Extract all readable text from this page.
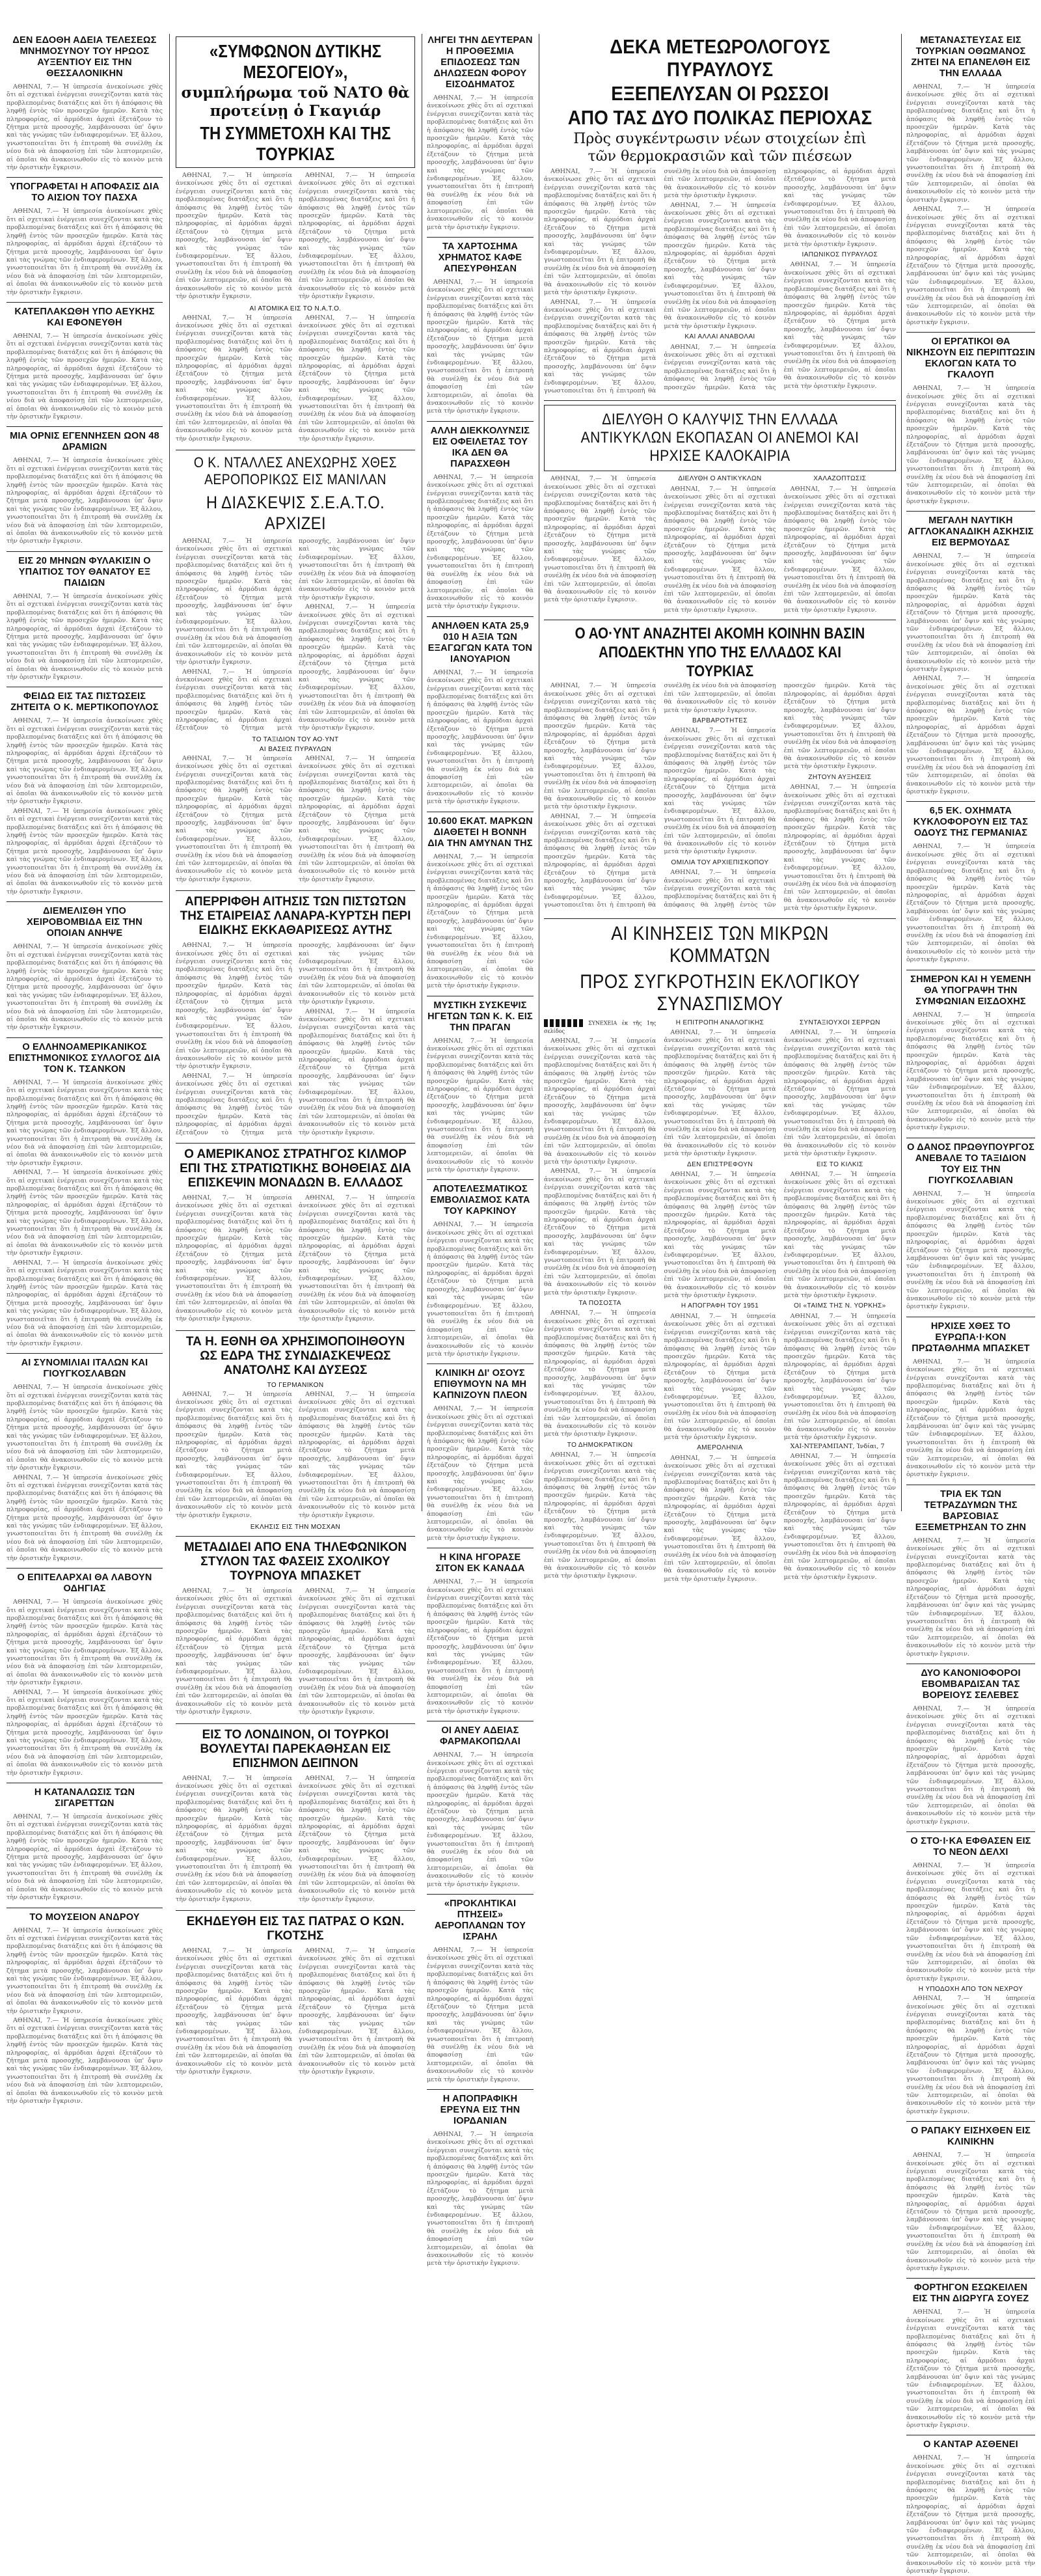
ΔΕΝ ΕΔΟΘΗ ΑΔΕΙΑ ΤΕΛΕΣΕΩΣ ΜΝΗΜΟΣΥΝΟΥ ΤΟΥ ΗΡΩΟΣ ΑΥΞΕΝΤΙΟΥ ΕΙΣ ΤΗΝ ΘΕΣΣΑΛΟΝΙΚΗΝ

ΑΘΗΝΑΙ, 7.— Ἡ ὑπηρεσία ἀνεκοίνωσε χθὲς ὅτι αἱ σχετικαὶ ἐνέργειαι συνεχίζονται κατὰ τὰς προβλεπομένας διατάξεις καὶ ὅτι ἡ ἀπόφασις θὰ ληφθῇ ἐντὸς τῶν προσεχῶν ἡμερῶν. Κατὰ τὰς πληροφορίας, αἱ ἁρμόδιαι ἀρχαὶ ἐξετάζουν τὸ ζήτημα μετὰ προσοχῆς, λαμβάνουσαι ὑπ' ὄψιν καὶ τὰς γνώμας τῶν ἐνδιαφερομένων. Ἐξ ἄλλου, γνωστοποιεῖται ὅτι ἡ ἐπιτροπὴ θὰ συνέλθῃ ἐκ νέου διὰ νὰ ἀποφασίσῃ ἐπὶ τῶν λεπτομερειῶν, αἱ ὁποῖαι θὰ ἀνακοινωθοῦν εἰς τὸ κοινὸν μετὰ τὴν ὁριστικὴν ἔγκρισιν.

ΥΠΟΓΡΑΦΕΤΑΙ Η ΑΠΟΦΑΣΙΣ ΔΙΑ ΤΟ ΑΙΣΙΟΝ ΤΟΥ ΠΑΣΧΑ

ΑΘΗΝΑΙ, 7.— Ἡ ὑπηρεσία ἀνεκοίνωσε χθὲς ὅτι αἱ σχετικαὶ ἐνέργειαι συνεχίζονται κατὰ τὰς προβλεπομένας διατάξεις καὶ ὅτι ἡ ἀπόφασις θὰ ληφθῇ ἐντὸς τῶν προσεχῶν ἡμερῶν. Κατὰ τὰς πληροφορίας, αἱ ἁρμόδιαι ἀρχαὶ ἐξετάζουν τὸ ζήτημα μετὰ προσοχῆς, λαμβάνουσαι ὑπ' ὄψιν καὶ τὰς γνώμας τῶν ἐνδιαφερομένων. Ἐξ ἄλλου, γνωστοποιεῖται ὅτι ἡ ἐπιτροπὴ θὰ συνέλθῃ ἐκ νέου διὰ νὰ ἀποφασίσῃ ἐπὶ τῶν λεπτομερειῶν, αἱ ὁποῖαι θὰ ἀνακοινωθοῦν εἰς τὸ κοινὸν μετὰ τὴν ὁριστικὴν ἔγκρισιν.

ΚΑΤΕΠΛΑΚΩΘΗ ΥΠΟ ΑΕΥΚΗΣ ΚΑΙ ΕΦΟΝΕΥΘΗ

ΑΘΗΝΑΙ, 7.— Ἡ ὑπηρεσία ἀνεκοίνωσε χθὲς ὅτι αἱ σχετικαὶ ἐνέργειαι συνεχίζονται κατὰ τὰς προβλεπομένας διατάξεις καὶ ὅτι ἡ ἀπόφασις θὰ ληφθῇ ἐντὸς τῶν προσεχῶν ἡμερῶν. Κατὰ τὰς πληροφορίας, αἱ ἁρμόδιαι ἀρχαὶ ἐξετάζουν τὸ ζήτημα μετὰ προσοχῆς, λαμβάνουσαι ὑπ' ὄψιν καὶ τὰς γνώμας τῶν ἐνδιαφερομένων. Ἐξ ἄλλου, γνωστοποιεῖται ὅτι ἡ ἐπιτροπὴ θὰ συνέλθῃ ἐκ νέου διὰ νὰ ἀποφασίσῃ ἐπὶ τῶν λεπτομερειῶν, αἱ ὁποῖαι θὰ ἀνακοινωθοῦν εἰς τὸ κοινὸν μετὰ τὴν ὁριστικὴν ἔγκρισιν.

ΜΙΑ ΟΡΝΙΣ ΕΓΕΝΝΗΣΕΝ ΩΟΝ 48 ΔΡΑΜΙΩΝ

ΑΘΗΝΑΙ, 7.— Ἡ ὑπηρεσία ἀνεκοίνωσε χθὲς ὅτι αἱ σχετικαὶ ἐνέργειαι συνεχίζονται κατὰ τὰς προβλεπομένας διατάξεις καὶ ὅτι ἡ ἀπόφασις θὰ ληφθῇ ἐντὸς τῶν προσεχῶν ἡμερῶν. Κατὰ τὰς πληροφορίας, αἱ ἁρμόδιαι ἀρχαὶ ἐξετάζουν τὸ ζήτημα μετὰ προσοχῆς, λαμβάνουσαι ὑπ' ὄψιν καὶ τὰς γνώμας τῶν ἐνδιαφερομένων. Ἐξ ἄλλου, γνωστοποιεῖται ὅτι ἡ ἐπιτροπὴ θὰ συνέλθῃ ἐκ νέου διὰ νὰ ἀποφασίσῃ ἐπὶ τῶν λεπτομερειῶν, αἱ ὁποῖαι θὰ ἀνακοινωθοῦν εἰς τὸ κοινὸν μετὰ τὴν ὁριστικὴν ἔγκρισιν.

ΕΙΣ 20 ΜΗΝΩΝ ΦΥΛΑΚΙΣΙΝ Ο ΥΠΑΙΤΙΟΣ ΤΟΥ ΘΑΝΑΤΟΥ ΕΞ ΠΑΙΔΙΩΝ

ΑΘΗΝΑΙ, 7.— Ἡ ὑπηρεσία ἀνεκοίνωσε χθὲς ὅτι αἱ σχετικαὶ ἐνέργειαι συνεχίζονται κατὰ τὰς προβλεπομένας διατάξεις καὶ ὅτι ἡ ἀπόφασις θὰ ληφθῇ ἐντὸς τῶν προσεχῶν ἡμερῶν. Κατὰ τὰς πληροφορίας, αἱ ἁρμόδιαι ἀρχαὶ ἐξετάζουν τὸ ζήτημα μετὰ προσοχῆς, λαμβάνουσαι ὑπ' ὄψιν καὶ τὰς γνώμας τῶν ἐνδιαφερομένων. Ἐξ ἄλλου, γνωστοποιεῖται ὅτι ἡ ἐπιτροπὴ θὰ συνέλθῃ ἐκ νέου διὰ νὰ ἀποφασίσῃ ἐπὶ τῶν λεπτομερειῶν, αἱ ὁποῖαι θὰ ἀνακοινωθοῦν εἰς τὸ κοινὸν μετὰ τὴν ὁριστικὴν ἔγκρισιν.

ΦΕΙΔΩ ΕΙΣ ΤΑΣ ΠΙΣΤΩΣΕΙΣ ΖΗΤΕΙΤΑ Ο Κ. ΜΕΡΤΙΚΟΠΟΥΛΟΣ

ΑΘΗΝΑΙ, 7.— Ἡ ὑπηρεσία ἀνεκοίνωσε χθὲς ὅτι αἱ σχετικαὶ ἐνέργειαι συνεχίζονται κατὰ τὰς προβλεπομένας διατάξεις καὶ ὅτι ἡ ἀπόφασις θὰ ληφθῇ ἐντὸς τῶν προσεχῶν ἡμερῶν. Κατὰ τὰς πληροφορίας, αἱ ἁρμόδιαι ἀρχαὶ ἐξετάζουν τὸ ζήτημα μετὰ προσοχῆς, λαμβάνουσαι ὑπ' ὄψιν καὶ τὰς γνώμας τῶν ἐνδιαφερομένων. Ἐξ ἄλλου, γνωστοποιεῖται ὅτι ἡ ἐπιτροπὴ θὰ συνέλθῃ ἐκ νέου διὰ νὰ ἀποφασίσῃ ἐπὶ τῶν λεπτομερειῶν, αἱ ὁποῖαι θὰ ἀνακοινωθοῦν εἰς τὸ κοινὸν μετὰ τὴν ὁριστικὴν ἔγκρισιν.

ΑΘΗΝΑΙ, 7.— Ἡ ὑπηρεσία ἀνεκοίνωσε χθὲς ὅτι αἱ σχετικαὶ ἐνέργειαι συνεχίζονται κατὰ τὰς προβλεπομένας διατάξεις καὶ ὅτι ἡ ἀπόφασις θὰ ληφθῇ ἐντὸς τῶν προσεχῶν ἡμερῶν. Κατὰ τὰς πληροφορίας, αἱ ἁρμόδιαι ἀρχαὶ ἐξετάζουν τὸ ζήτημα μετὰ προσοχῆς, λαμβάνουσαι ὑπ' ὄψιν καὶ τὰς γνώμας τῶν ἐνδιαφερομένων. Ἐξ ἄλλου, γνωστοποιεῖται ὅτι ἡ ἐπιτροπὴ θὰ συνέλθῃ ἐκ νέου διὰ νὰ ἀποφασίσῃ ἐπὶ τῶν λεπτομερειῶν, αἱ ὁποῖαι θὰ ἀνακοινωθοῦν εἰς τὸ κοινὸν μετὰ τὴν ὁριστικὴν ἔγκρισιν.

ΔΙΕΜΕΛΙΣΘΗ ΥΠΟ ΧΕΙΡΟΒΟΜΒΙΔΑ ΕΙΣ ΤΗΝ ΟΠΟΙΑΝ ΑΝΗΨΕ

ΑΘΗΝΑΙ, 7.— Ἡ ὑπηρεσία ἀνεκοίνωσε χθὲς ὅτι αἱ σχετικαὶ ἐνέργειαι συνεχίζονται κατὰ τὰς προβλεπομένας διατάξεις καὶ ὅτι ἡ ἀπόφασις θὰ ληφθῇ ἐντὸς τῶν προσεχῶν ἡμερῶν. Κατὰ τὰς πληροφορίας, αἱ ἁρμόδιαι ἀρχαὶ ἐξετάζουν τὸ ζήτημα μετὰ προσοχῆς, λαμβάνουσαι ὑπ' ὄψιν καὶ τὰς γνώμας τῶν ἐνδιαφερομένων. Ἐξ ἄλλου, γνωστοποιεῖται ὅτι ἡ ἐπιτροπὴ θὰ συνέλθῃ ἐκ νέου διὰ νὰ ἀποφασίσῃ ἐπὶ τῶν λεπτομερειῶν, αἱ ὁποῖαι θὰ ἀνακοινωθοῦν εἰς τὸ κοινὸν μετὰ τὴν ὁριστικὴν ἔγκρισιν.

Ο ΕΛΛΗΝΟΑΜΕΡΙΚΑΝΙΚΟΣ ΕΠΙΣΤΗΜΟΝΙΚΟΣ ΣΥΛΛΟΓΟΣ ΔΙΑ ΤΟΝ Κ. ΤΣΑΝΚΟΝ

ΑΘΗΝΑΙ, 7.— Ἡ ὑπηρεσία ἀνεκοίνωσε χθὲς ὅτι αἱ σχετικαὶ ἐνέργειαι συνεχίζονται κατὰ τὰς προβλεπομένας διατάξεις καὶ ὅτι ἡ ἀπόφασις θὰ ληφθῇ ἐντὸς τῶν προσεχῶν ἡμερῶν. Κατὰ τὰς πληροφορίας, αἱ ἁρμόδιαι ἀρχαὶ ἐξετάζουν τὸ ζήτημα μετὰ προσοχῆς, λαμβάνουσαι ὑπ' ὄψιν καὶ τὰς γνώμας τῶν ἐνδιαφερομένων. Ἐξ ἄλλου, γνωστοποιεῖται ὅτι ἡ ἐπιτροπὴ θὰ συνέλθῃ ἐκ νέου διὰ νὰ ἀποφασίσῃ ἐπὶ τῶν λεπτομερειῶν, αἱ ὁποῖαι θὰ ἀνακοινωθοῦν εἰς τὸ κοινὸν μετὰ τὴν ὁριστικὴν ἔγκρισιν.

ΑΘΗΝΑΙ, 7.— Ἡ ὑπηρεσία ἀνεκοίνωσε χθὲς ὅτι αἱ σχετικαὶ ἐνέργειαι συνεχίζονται κατὰ τὰς προβλεπομένας διατάξεις καὶ ὅτι ἡ ἀπόφασις θὰ ληφθῇ ἐντὸς τῶν προσεχῶν ἡμερῶν. Κατὰ τὰς πληροφορίας, αἱ ἁρμόδιαι ἀρχαὶ ἐξετάζουν τὸ ζήτημα μετὰ προσοχῆς, λαμβάνουσαι ὑπ' ὄψιν καὶ τὰς γνώμας τῶν ἐνδιαφερομένων. Ἐξ ἄλλου, γνωστοποιεῖται ὅτι ἡ ἐπιτροπὴ θὰ συνέλθῃ ἐκ νέου διὰ νὰ ἀποφασίσῃ ἐπὶ τῶν λεπτομερειῶν, αἱ ὁποῖαι θὰ ἀνακοινωθοῦν εἰς τὸ κοινὸν μετὰ τὴν ὁριστικὴν ἔγκρισιν.

ΑΘΗΝΑΙ, 7.— Ἡ ὑπηρεσία ἀνεκοίνωσε χθὲς ὅτι αἱ σχετικαὶ ἐνέργειαι συνεχίζονται κατὰ τὰς προβλεπομένας διατάξεις καὶ ὅτι ἡ ἀπόφασις θὰ ληφθῇ ἐντὸς τῶν προσεχῶν ἡμερῶν. Κατὰ τὰς πληροφορίας, αἱ ἁρμόδιαι ἀρχαὶ ἐξετάζουν τὸ ζήτημα μετὰ προσοχῆς, λαμβάνουσαι ὑπ' ὄψιν καὶ τὰς γνώμας τῶν ἐνδιαφερομένων. Ἐξ ἄλλου, γνωστοποιεῖται ὅτι ἡ ἐπιτροπὴ θὰ συνέλθῃ ἐκ νέου διὰ νὰ ἀποφασίσῃ ἐπὶ τῶν λεπτομερειῶν, αἱ ὁποῖαι θὰ ἀνακοινωθοῦν εἰς τὸ κοινὸν μετὰ τὴν ὁριστικὴν ἔγκρισιν.

ΑΙ ΣΥΝΟΜΙΛΙΑΙ ΙΤΑΛΩΝ ΚΑΙ ΓΙΟΥΓΚΟΣΛΑΒΩΝ

ΑΘΗΝΑΙ, 7.— Ἡ ὑπηρεσία ἀνεκοίνωσε χθὲς ὅτι αἱ σχετικαὶ ἐνέργειαι συνεχίζονται κατὰ τὰς προβλεπομένας διατάξεις καὶ ὅτι ἡ ἀπόφασις θὰ ληφθῇ ἐντὸς τῶν προσεχῶν ἡμερῶν. Κατὰ τὰς πληροφορίας, αἱ ἁρμόδιαι ἀρχαὶ ἐξετάζουν τὸ ζήτημα μετὰ προσοχῆς, λαμβάνουσαι ὑπ' ὄψιν καὶ τὰς γνώμας τῶν ἐνδιαφερομένων. Ἐξ ἄλλου, γνωστοποιεῖται ὅτι ἡ ἐπιτροπὴ θὰ συνέλθῃ ἐκ νέου διὰ νὰ ἀποφασίσῃ ἐπὶ τῶν λεπτομερειῶν, αἱ ὁποῖαι θὰ ἀνακοινωθοῦν εἰς τὸ κοινὸν μετὰ τὴν ὁριστικὴν ἔγκρισιν.

ΑΘΗΝΑΙ, 7.— Ἡ ὑπηρεσία ἀνεκοίνωσε χθὲς ὅτι αἱ σχετικαὶ ἐνέργειαι συνεχίζονται κατὰ τὰς προβλεπομένας διατάξεις καὶ ὅτι ἡ ἀπόφασις θὰ ληφθῇ ἐντὸς τῶν προσεχῶν ἡμερῶν. Κατὰ τὰς πληροφορίας, αἱ ἁρμόδιαι ἀρχαὶ ἐξετάζουν τὸ ζήτημα μετὰ προσοχῆς, λαμβάνουσαι ὑπ' ὄψιν καὶ τὰς γνώμας τῶν ἐνδιαφερομένων. Ἐξ ἄλλου, γνωστοποιεῖται ὅτι ἡ ἐπιτροπὴ θὰ συνέλθῃ ἐκ νέου διὰ νὰ ἀποφασίσῃ ἐπὶ τῶν λεπτομερειῶν, αἱ ὁποῖαι θὰ ἀνακοινωθοῦν εἰς τὸ κοινὸν μετὰ τὴν ὁριστικὴν ἔγκρισιν.

Ο ΕΠΙΤΕΛΑΡΧΑΙ ΘΑ ΛΑΒΟΥΝ ΟΔΗΓΙΑΣ

ΑΘΗΝΑΙ, 7.— Ἡ ὑπηρεσία ἀνεκοίνωσε χθὲς ὅτι αἱ σχετικαὶ ἐνέργειαι συνεχίζονται κατὰ τὰς προβλεπομένας διατάξεις καὶ ὅτι ἡ ἀπόφασις θὰ ληφθῇ ἐντὸς τῶν προσεχῶν ἡμερῶν. Κατὰ τὰς πληροφορίας, αἱ ἁρμόδιαι ἀρχαὶ ἐξετάζουν τὸ ζήτημα μετὰ προσοχῆς, λαμβάνουσαι ὑπ' ὄψιν καὶ τὰς γνώμας τῶν ἐνδιαφερομένων. Ἐξ ἄλλου, γνωστοποιεῖται ὅτι ἡ ἐπιτροπὴ θὰ συνέλθῃ ἐκ νέου διὰ νὰ ἀποφασίσῃ ἐπὶ τῶν λεπτομερειῶν, αἱ ὁποῖαι θὰ ἀνακοινωθοῦν εἰς τὸ κοινὸν μετὰ τὴν ὁριστικὴν ἔγκρισιν.

ΑΘΗΝΑΙ, 7.— Ἡ ὑπηρεσία ἀνεκοίνωσε χθὲς ὅτι αἱ σχετικαὶ ἐνέργειαι συνεχίζονται κατὰ τὰς προβλεπομένας διατάξεις καὶ ὅτι ἡ ἀπόφασις θὰ ληφθῇ ἐντὸς τῶν προσεχῶν ἡμερῶν. Κατὰ τὰς πληροφορίας, αἱ ἁρμόδιαι ἀρχαὶ ἐξετάζουν τὸ ζήτημα μετὰ προσοχῆς, λαμβάνουσαι ὑπ' ὄψιν καὶ τὰς γνώμας τῶν ἐνδιαφερομένων. Ἐξ ἄλλου, γνωστοποιεῖται ὅτι ἡ ἐπιτροπὴ θὰ συνέλθῃ ἐκ νέου διὰ νὰ ἀποφασίσῃ ἐπὶ τῶν λεπτομερειῶν, αἱ ὁποῖαι θὰ ἀνακοινωθοῦν εἰς τὸ κοινὸν μετὰ τὴν ὁριστικὴν ἔγκρισιν.

Η ΚΑΤΑΝΑΛΩΣΙΣ ΤΩΝ ΣΙΓΑΡΕΤΤΩΝ

ΑΘΗΝΑΙ, 7.— Ἡ ὑπηρεσία ἀνεκοίνωσε χθὲς ὅτι αἱ σχετικαὶ ἐνέργειαι συνεχίζονται κατὰ τὰς προβλεπομένας διατάξεις καὶ ὅτι ἡ ἀπόφασις θὰ ληφθῇ ἐντὸς τῶν προσεχῶν ἡμερῶν. Κατὰ τὰς πληροφορίας, αἱ ἁρμόδιαι ἀρχαὶ ἐξετάζουν τὸ ζήτημα μετὰ προσοχῆς, λαμβάνουσαι ὑπ' ὄψιν καὶ τὰς γνώμας τῶν ἐνδιαφερομένων. Ἐξ ἄλλου, γνωστοποιεῖται ὅτι ἡ ἐπιτροπὴ θὰ συνέλθῃ ἐκ νέου διὰ νὰ ἀποφασίσῃ ἐπὶ τῶν λεπτομερειῶν, αἱ ὁποῖαι θὰ ἀνακοινωθοῦν εἰς τὸ κοινὸν μετὰ τὴν ὁριστικὴν ἔγκρισιν.

ΤΟ ΜΟΥΣΕΙΟΝ ΑΝΔΡΟΥ

ΑΘΗΝΑΙ, 7.— Ἡ ὑπηρεσία ἀνεκοίνωσε χθὲς ὅτι αἱ σχετικαὶ ἐνέργειαι συνεχίζονται κατὰ τὰς προβλεπομένας διατάξεις καὶ ὅτι ἡ ἀπόφασις θὰ ληφθῇ ἐντὸς τῶν προσεχῶν ἡμερῶν. Κατὰ τὰς πληροφορίας, αἱ ἁρμόδιαι ἀρχαὶ ἐξετάζουν τὸ ζήτημα μετὰ προσοχῆς, λαμβάνουσαι ὑπ' ὄψιν καὶ τὰς γνώμας τῶν ἐνδιαφερομένων. Ἐξ ἄλλου, γνωστοποιεῖται ὅτι ἡ ἐπιτροπὴ θὰ συνέλθῃ ἐκ νέου διὰ νὰ ἀποφασίσῃ ἐπὶ τῶν λεπτομερειῶν, αἱ ὁποῖαι θὰ ἀνακοινωθοῦν εἰς τὸ κοινὸν μετὰ τὴν ὁριστικὴν ἔγκρισιν.

ΑΘΗΝΑΙ, 7.— Ἡ ὑπηρεσία ἀνεκοίνωσε χθὲς ὅτι αἱ σχετικαὶ ἐνέργειαι συνεχίζονται κατὰ τὰς προβλεπομένας διατάξεις καὶ ὅτι ἡ ἀπόφασις θὰ ληφθῇ ἐντὸς τῶν προσεχῶν ἡμερῶν. Κατὰ τὰς πληροφορίας, αἱ ἁρμόδιαι ἀρχαὶ ἐξετάζουν τὸ ζήτημα μετὰ προσοχῆς, λαμβάνουσαι ὑπ' ὄψιν καὶ τὰς γνώμας τῶν ἐνδιαφερομένων. Ἐξ ἄλλου, γνωστοποιεῖται ὅτι ἡ ἐπιτροπὴ θὰ συνέλθῃ ἐκ νέου διὰ νὰ ἀποφασίσῃ ἐπὶ τῶν λεπτομερειῶν, αἱ ὁποῖαι θὰ ἀνακοινωθοῦν εἰς τὸ κοινὸν μετὰ τὴν ὁριστικὴν ἔγκρισιν.

«ΣΥΜΦΩΝΟΝ ΔΥΤΙΚΗΣ ΜΕΣΟΓΕΙΟΥ»,
συμπλήρωμα τοῦ ΝΑΤΟ θὰ προτείνῃ ὁ Γκαγιάρ
ΤΗ ΣΥΜΜΕΤΟΧΗ ΚΑΙ ΤΗΣ ΤΟΥΡΚΙΑΣ

ΑΘΗΝΑΙ, 7.— Ἡ ὑπηρεσία ἀνεκοίνωσε χθὲς ὅτι αἱ σχετικαὶ ἐνέργειαι συνεχίζονται κατὰ τὰς προβλεπομένας διατάξεις καὶ ὅτι ἡ ἀπόφασις θὰ ληφθῇ ἐντὸς τῶν προσεχῶν ἡμερῶν. Κατὰ τὰς πληροφορίας, αἱ ἁρμόδιαι ἀρχαὶ ἐξετάζουν τὸ ζήτημα μετὰ προσοχῆς, λαμβάνουσαι ὑπ' ὄψιν καὶ τὰς γνώμας τῶν ἐνδιαφερομένων. Ἐξ ἄλλου, γνωστοποιεῖται ὅτι ἡ ἐπιτροπὴ θὰ συνέλθῃ ἐκ νέου διὰ νὰ ἀποφασίσῃ ἐπὶ τῶν λεπτομερειῶν, αἱ ὁποῖαι θὰ ἀνακοινωθοῦν εἰς τὸ κοινὸν μετὰ τὴν ὁριστικὴν ἔγκρισιν.

ΑΘΗΝΑΙ, 7.— Ἡ ὑπηρεσία ἀνεκοίνωσε χθὲς ὅτι αἱ σχετικαὶ ἐνέργειαι συνεχίζονται κατὰ τὰς προβλεπομένας διατάξεις καὶ ὅτι ἡ ἀπόφασις θὰ ληφθῇ ἐντὸς τῶν προσεχῶν ἡμερῶν. Κατὰ τὰς πληροφορίας, αἱ ἁρμόδιαι ἀρχαὶ ἐξετάζουν τὸ ζήτημα μετὰ προσοχῆς, λαμβάνουσαι ὑπ' ὄψιν καὶ τὰς γνώμας τῶν ἐνδιαφερομένων. Ἐξ ἄλλου, γνωστοποιεῖται ὅτι ἡ ἐπιτροπὴ θὰ συνέλθῃ ἐκ νέου διὰ νὰ ἀποφασίσῃ ἐπὶ τῶν λεπτομερειῶν, αἱ ὁποῖαι θὰ ἀνακοινωθοῦν εἰς τὸ κοινὸν μετὰ τὴν ὁριστικὴν ἔγκρισιν.

ΑΙ ΑΤΟΜΙΚΑ ΕΙΣ ΤΟ Ν.Α.Τ.Ο.

ΑΘΗΝΑΙ, 7.— Ἡ ὑπηρεσία ἀνεκοίνωσε χθὲς ὅτι αἱ σχετικαὶ ἐνέργειαι συνεχίζονται κατὰ τὰς προβλεπομένας διατάξεις καὶ ὅτι ἡ ἀπόφασις θὰ ληφθῇ ἐντὸς τῶν προσεχῶν ἡμερῶν. Κατὰ τὰς πληροφορίας, αἱ ἁρμόδιαι ἀρχαὶ ἐξετάζουν τὸ ζήτημα μετὰ προσοχῆς, λαμβάνουσαι ὑπ' ὄψιν καὶ τὰς γνώμας τῶν ἐνδιαφερομένων. Ἐξ ἄλλου, γνωστοποιεῖται ὅτι ἡ ἐπιτροπὴ θὰ συνέλθῃ ἐκ νέου διὰ νὰ ἀποφασίσῃ ἐπὶ τῶν λεπτομερειῶν, αἱ ὁποῖαι θὰ ἀνακοινωθοῦν εἰς τὸ κοινὸν μετὰ τὴν ὁριστικὴν ἔγκρισιν.

ΑΘΗΝΑΙ, 7.— Ἡ ὑπηρεσία ἀνεκοίνωσε χθὲς ὅτι αἱ σχετικαὶ ἐνέργειαι συνεχίζονται κατὰ τὰς προβλεπομένας διατάξεις καὶ ὅτι ἡ ἀπόφασις θὰ ληφθῇ ἐντὸς τῶν προσεχῶν ἡμερῶν. Κατὰ τὰς πληροφορίας, αἱ ἁρμόδιαι ἀρχαὶ ἐξετάζουν τὸ ζήτημα μετὰ προσοχῆς, λαμβάνουσαι ὑπ' ὄψιν καὶ τὰς γνώμας τῶν ἐνδιαφερομένων. Ἐξ ἄλλου, γνωστοποιεῖται ὅτι ἡ ἐπιτροπὴ θὰ συνέλθῃ ἐκ νέου διὰ νὰ ἀποφασίσῃ ἐπὶ τῶν λεπτομερειῶν, αἱ ὁποῖαι θὰ ἀνακοινωθοῦν εἰς τὸ κοινὸν μετὰ τὴν ὁριστικὴν ἔγκρισιν.

Ο Κ. ΝΤΑΛΛΕΣ ΑΝΕΧΩΡΗΣ ΧΘΕΣ ΑΕΡΟΠΟΡΙΚΩΣ ΕΙΣ ΜΑΝΙΛΑΝ
Η ΔΙΑΣΚΕΨΙΣ Σ.Ε.Α.Τ.Ο. ΑΡΧΙΖΕΙ

ΑΘΗΝΑΙ, 7.— Ἡ ὑπηρεσία ἀνεκοίνωσε χθὲς ὅτι αἱ σχετικαὶ ἐνέργειαι συνεχίζονται κατὰ τὰς προβλεπομένας διατάξεις καὶ ὅτι ἡ ἀπόφασις θὰ ληφθῇ ἐντὸς τῶν προσεχῶν ἡμερῶν. Κατὰ τὰς πληροφορίας, αἱ ἁρμόδιαι ἀρχαὶ ἐξετάζουν τὸ ζήτημα μετὰ προσοχῆς, λαμβάνουσαι ὑπ' ὄψιν καὶ τὰς γνώμας τῶν ἐνδιαφερομένων. Ἐξ ἄλλου, γνωστοποιεῖται ὅτι ἡ ἐπιτροπὴ θὰ συνέλθῃ ἐκ νέου διὰ νὰ ἀποφασίσῃ ἐπὶ τῶν λεπτομερειῶν, αἱ ὁποῖαι θὰ ἀνακοινωθοῦν εἰς τὸ κοινὸν μετὰ τὴν ὁριστικὴν ἔγκρισιν.

ΑΘΗΝΑΙ, 7.— Ἡ ὑπηρεσία ἀνεκοίνωσε χθὲς ὅτι αἱ σχετικαὶ ἐνέργειαι συνεχίζονται κατὰ τὰς προβλεπομένας διατάξεις καὶ ὅτι ἡ ἀπόφασις θὰ ληφθῇ ἐντὸς τῶν προσεχῶν ἡμερῶν. Κατὰ τὰς πληροφορίας, αἱ ἁρμόδιαι ἀρχαὶ ἐξετάζουν τὸ ζήτημα μετὰ προσοχῆς, λαμβάνουσαι ὑπ' ὄψιν καὶ τὰς γνώμας τῶν ἐνδιαφερομένων. Ἐξ ἄλλου, γνωστοποιεῖται ὅτι ἡ ἐπιτροπὴ θὰ συνέλθῃ ἐκ νέου διὰ νὰ ἀποφασίσῃ ἐπὶ τῶν λεπτομερειῶν, αἱ ὁποῖαι θὰ ἀνακοινωθοῦν εἰς τὸ κοινὸν μετὰ τὴν ὁριστικὴν ἔγκρισιν.

ΑΘΗΝΑΙ, 7.— Ἡ ὑπηρεσία ἀνεκοίνωσε χθὲς ὅτι αἱ σχετικαὶ ἐνέργειαι συνεχίζονται κατὰ τὰς προβλεπομένας διατάξεις καὶ ὅτι ἡ ἀπόφασις θὰ ληφθῇ ἐντὸς τῶν προσεχῶν ἡμερῶν. Κατὰ τὰς πληροφορίας, αἱ ἁρμόδιαι ἀρχαὶ ἐξετάζουν τὸ ζήτημα μετὰ προσοχῆς, λαμβάνουσαι ὑπ' ὄψιν καὶ τὰς γνώμας τῶν ἐνδιαφερομένων. Ἐξ ἄλλου, γνωστοποιεῖται ὅτι ἡ ἐπιτροπὴ θὰ συνέλθῃ ἐκ νέου διὰ νὰ ἀποφασίσῃ ἐπὶ τῶν λεπτομερειῶν, αἱ ὁποῖαι θὰ ἀνακοινωθοῦν εἰς τὸ κοινὸν μετὰ τὴν ὁριστικὴν ἔγκρισιν.

ΤΟ ΤΑΞΙΔΙΟΝ ΤΟΥ ΑΟ·ΥΝΤ
ΑΙ ΒΑΣΕΙΣ ΠΥΡΑΥΛΩΝ

ΑΘΗΝΑΙ, 7.— Ἡ ὑπηρεσία ἀνεκοίνωσε χθὲς ὅτι αἱ σχετικαὶ ἐνέργειαι συνεχίζονται κατὰ τὰς προβλεπομένας διατάξεις καὶ ὅτι ἡ ἀπόφασις θὰ ληφθῇ ἐντὸς τῶν προσεχῶν ἡμερῶν. Κατὰ τὰς πληροφορίας, αἱ ἁρμόδιαι ἀρχαὶ ἐξετάζουν τὸ ζήτημα μετὰ προσοχῆς, λαμβάνουσαι ὑπ' ὄψιν καὶ τὰς γνώμας τῶν ἐνδιαφερομένων. Ἐξ ἄλλου, γνωστοποιεῖται ὅτι ἡ ἐπιτροπὴ θὰ συνέλθῃ ἐκ νέου διὰ νὰ ἀποφασίσῃ ἐπὶ τῶν λεπτομερειῶν, αἱ ὁποῖαι θὰ ἀνακοινωθοῦν εἰς τὸ κοινὸν μετὰ τὴν ὁριστικὴν ἔγκρισιν.

ΑΘΗΝΑΙ, 7.— Ἡ ὑπηρεσία ἀνεκοίνωσε χθὲς ὅτι αἱ σχετικαὶ ἐνέργειαι συνεχίζονται κατὰ τὰς προβλεπομένας διατάξεις καὶ ὅτι ἡ ἀπόφασις θὰ ληφθῇ ἐντὸς τῶν προσεχῶν ἡμερῶν. Κατὰ τὰς πληροφορίας, αἱ ἁρμόδιαι ἀρχαὶ ἐξετάζουν τὸ ζήτημα μετὰ προσοχῆς, λαμβάνουσαι ὑπ' ὄψιν καὶ τὰς γνώμας τῶν ἐνδιαφερομένων. Ἐξ ἄλλου, γνωστοποιεῖται ὅτι ἡ ἐπιτροπὴ θὰ συνέλθῃ ἐκ νέου διὰ νὰ ἀποφασίσῃ ἐπὶ τῶν λεπτομερειῶν, αἱ ὁποῖαι θὰ ἀνακοινωθοῦν εἰς τὸ κοινὸν μετὰ τὴν ὁριστικὴν ἔγκρισιν.

ΑΠΕΡΡΙΦΘΗ ΑΙΤΗΣΙΣ ΤΩΝ ΠΙΣΤΩΤΩΝ ΤΗΣ ΕΤΑΙΡΕΙΑΣ ΛΑΝΑΡΑ-ΚΥΡΤΣΗ ΠΕΡΙ ΕΙΔΙΚΗΣ ΕΚΚΑΘΑΡΙΣΕΩΣ ΑΥΤΗΣ

ΑΘΗΝΑΙ, 7.— Ἡ ὑπηρεσία ἀνεκοίνωσε χθὲς ὅτι αἱ σχετικαὶ ἐνέργειαι συνεχίζονται κατὰ τὰς προβλεπομένας διατάξεις καὶ ὅτι ἡ ἀπόφασις θὰ ληφθῇ ἐντὸς τῶν προσεχῶν ἡμερῶν. Κατὰ τὰς πληροφορίας, αἱ ἁρμόδιαι ἀρχαὶ ἐξετάζουν τὸ ζήτημα μετὰ προσοχῆς, λαμβάνουσαι ὑπ' ὄψιν καὶ τὰς γνώμας τῶν ἐνδιαφερομένων. Ἐξ ἄλλου, γνωστοποιεῖται ὅτι ἡ ἐπιτροπὴ θὰ συνέλθῃ ἐκ νέου διὰ νὰ ἀποφασίσῃ ἐπὶ τῶν λεπτομερειῶν, αἱ ὁποῖαι θὰ ἀνακοινωθοῦν εἰς τὸ κοινὸν μετὰ τὴν ὁριστικὴν ἔγκρισιν.

ΑΘΗΝΑΙ, 7.— Ἡ ὑπηρεσία ἀνεκοίνωσε χθὲς ὅτι αἱ σχετικαὶ ἐνέργειαι συνεχίζονται κατὰ τὰς προβλεπομένας διατάξεις καὶ ὅτι ἡ ἀπόφασις θὰ ληφθῇ ἐντὸς τῶν προσεχῶν ἡμερῶν. Κατὰ τὰς πληροφορίας, αἱ ἁρμόδιαι ἀρχαὶ ἐξετάζουν τὸ ζήτημα μετὰ προσοχῆς, λαμβάνουσαι ὑπ' ὄψιν καὶ τὰς γνώμας τῶν ἐνδιαφερομένων. Ἐξ ἄλλου, γνωστοποιεῖται ὅτι ἡ ἐπιτροπὴ θὰ συνέλθῃ ἐκ νέου διὰ νὰ ἀποφασίσῃ ἐπὶ τῶν λεπτομερειῶν, αἱ ὁποῖαι θὰ ἀνακοινωθοῦν εἰς τὸ κοινὸν μετὰ τὴν ὁριστικὴν ἔγκρισιν.

ΑΘΗΝΑΙ, 7.— Ἡ ὑπηρεσία ἀνεκοίνωσε χθὲς ὅτι αἱ σχετικαὶ ἐνέργειαι συνεχίζονται κατὰ τὰς προβλεπομένας διατάξεις καὶ ὅτι ἡ ἀπόφασις θὰ ληφθῇ ἐντὸς τῶν προσεχῶν ἡμερῶν. Κατὰ τὰς πληροφορίας, αἱ ἁρμόδιαι ἀρχαὶ ἐξετάζουν τὸ ζήτημα μετὰ προσοχῆς, λαμβάνουσαι ὑπ' ὄψιν καὶ τὰς γνώμας τῶν ἐνδιαφερομένων. Ἐξ ἄλλου, γνωστοποιεῖται ὅτι ἡ ἐπιτροπὴ θὰ συνέλθῃ ἐκ νέου διὰ νὰ ἀποφασίσῃ ἐπὶ τῶν λεπτομερειῶν, αἱ ὁποῖαι θὰ ἀνακοινωθοῦν εἰς τὸ κοινὸν μετὰ τὴν ὁριστικὴν ἔγκρισιν.

Ο ΑΜΕΡΙΚΑΝΟΣ ΣΤΡΑΤΗΓΟΣ ΚΙΛΜΟΡ ΕΠΙ ΤΗΣ ΣΤΡΑΤΙΩΤΙΚΗΣ ΒΟΗΘΕΙΑΣ ΔΙΑ ΕΠΙΣΚΕΨΙΝ ΜΟΝΑΔΩΝ Β. ΕΛΛΑΔΟΣ

ΑΘΗΝΑΙ, 7.— Ἡ ὑπηρεσία ἀνεκοίνωσε χθὲς ὅτι αἱ σχετικαὶ ἐνέργειαι συνεχίζονται κατὰ τὰς προβλεπομένας διατάξεις καὶ ὅτι ἡ ἀπόφασις θὰ ληφθῇ ἐντὸς τῶν προσεχῶν ἡμερῶν. Κατὰ τὰς πληροφορίας, αἱ ἁρμόδιαι ἀρχαὶ ἐξετάζουν τὸ ζήτημα μετὰ προσοχῆς, λαμβάνουσαι ὑπ' ὄψιν καὶ τὰς γνώμας τῶν ἐνδιαφερομένων. Ἐξ ἄλλου, γνωστοποιεῖται ὅτι ἡ ἐπιτροπὴ θὰ συνέλθῃ ἐκ νέου διὰ νὰ ἀποφασίσῃ ἐπὶ τῶν λεπτομερειῶν, αἱ ὁποῖαι θὰ ἀνακοινωθοῦν εἰς τὸ κοινὸν μετὰ τὴν ὁριστικὴν ἔγκρισιν.

ΑΘΗΝΑΙ, 7.— Ἡ ὑπηρεσία ἀνεκοίνωσε χθὲς ὅτι αἱ σχετικαὶ ἐνέργειαι συνεχίζονται κατὰ τὰς προβλεπομένας διατάξεις καὶ ὅτι ἡ ἀπόφασις θὰ ληφθῇ ἐντὸς τῶν προσεχῶν ἡμερῶν. Κατὰ τὰς πληροφορίας, αἱ ἁρμόδιαι ἀρχαὶ ἐξετάζουν τὸ ζήτημα μετὰ προσοχῆς, λαμβάνουσαι ὑπ' ὄψιν καὶ τὰς γνώμας τῶν ἐνδιαφερομένων. Ἐξ ἄλλου, γνωστοποιεῖται ὅτι ἡ ἐπιτροπὴ θὰ συνέλθῃ ἐκ νέου διὰ νὰ ἀποφασίσῃ ἐπὶ τῶν λεπτομερειῶν, αἱ ὁποῖαι θὰ ἀνακοινωθοῦν εἰς τὸ κοινὸν μετὰ τὴν ὁριστικὴν ἔγκρισιν.

ΤΑ Η. ΕΘΝΗ ΘΑ ΧΡΗΣΙΜΟΠΟΙΗΘΟΥΝ ΩΣ ΕΔΡΑ ΤΗΣ ΣΥΝΔΙΑΣΚΕΨΕΩΣ ΑΝΑΤΟΛΗΣ ΚΑΙ ΔΥΣΕΩΣ
ΤΟ ΓΕΡΜΑΝΙΚΟΝ

ΑΘΗΝΑΙ, 7.— Ἡ ὑπηρεσία ἀνεκοίνωσε χθὲς ὅτι αἱ σχετικαὶ ἐνέργειαι συνεχίζονται κατὰ τὰς προβλεπομένας διατάξεις καὶ ὅτι ἡ ἀπόφασις θὰ ληφθῇ ἐντὸς τῶν προσεχῶν ἡμερῶν. Κατὰ τὰς πληροφορίας, αἱ ἁρμόδιαι ἀρχαὶ ἐξετάζουν τὸ ζήτημα μετὰ προσοχῆς, λαμβάνουσαι ὑπ' ὄψιν καὶ τὰς γνώμας τῶν ἐνδιαφερομένων. Ἐξ ἄλλου, γνωστοποιεῖται ὅτι ἡ ἐπιτροπὴ θὰ συνέλθῃ ἐκ νέου διὰ νὰ ἀποφασίσῃ ἐπὶ τῶν λεπτομερειῶν, αἱ ὁποῖαι θὰ ἀνακοινωθοῦν εἰς τὸ κοινὸν μετὰ τὴν ὁριστικὴν ἔγκρισιν.

ΑΘΗΝΑΙ, 7.— Ἡ ὑπηρεσία ἀνεκοίνωσε χθὲς ὅτι αἱ σχετικαὶ ἐνέργειαι συνεχίζονται κατὰ τὰς προβλεπομένας διατάξεις καὶ ὅτι ἡ ἀπόφασις θὰ ληφθῇ ἐντὸς τῶν προσεχῶν ἡμερῶν. Κατὰ τὰς πληροφορίας, αἱ ἁρμόδιαι ἀρχαὶ ἐξετάζουν τὸ ζήτημα μετὰ προσοχῆς, λαμβάνουσαι ὑπ' ὄψιν καὶ τὰς γνώμας τῶν ἐνδιαφερομένων. Ἐξ ἄλλου, γνωστοποιεῖται ὅτι ἡ ἐπιτροπὴ θὰ συνέλθῃ ἐκ νέου διὰ νὰ ἀποφασίσῃ ἐπὶ τῶν λεπτομερειῶν, αἱ ὁποῖαι θὰ ἀνακοινωθοῦν εἰς τὸ κοινὸν μετὰ τὴν ὁριστικὴν ἔγκρισιν.

ΕΚΛΗΣΙΣ ΕΙΣ ΤΗΝ ΜΟΣΧΑΝ
ΜΕΤΑΔΙΔΕΙ ΑΠΟ ΕΝΑ ΤΗΛΕΦΩΝΙΚΟΝ ΣΤΥΛΟΝ ΤΑΣ ΦΑΣΕΙΣ ΣΧΟΛΙΚΟΥ ΤΟΥΡΝΟΥΑ ΜΠΑΣΚΕΤ

ΑΘΗΝΑΙ, 7.— Ἡ ὑπηρεσία ἀνεκοίνωσε χθὲς ὅτι αἱ σχετικαὶ ἐνέργειαι συνεχίζονται κατὰ τὰς προβλεπομένας διατάξεις καὶ ὅτι ἡ ἀπόφασις θὰ ληφθῇ ἐντὸς τῶν προσεχῶν ἡμερῶν. Κατὰ τὰς πληροφορίας, αἱ ἁρμόδιαι ἀρχαὶ ἐξετάζουν τὸ ζήτημα μετὰ προσοχῆς, λαμβάνουσαι ὑπ' ὄψιν καὶ τὰς γνώμας τῶν ἐνδιαφερομένων. Ἐξ ἄλλου, γνωστοποιεῖται ὅτι ἡ ἐπιτροπὴ θὰ συνέλθῃ ἐκ νέου διὰ νὰ ἀποφασίσῃ ἐπὶ τῶν λεπτομερειῶν, αἱ ὁποῖαι θὰ ἀνακοινωθοῦν εἰς τὸ κοινὸν μετὰ τὴν ὁριστικὴν ἔγκρισιν.

ΑΘΗΝΑΙ, 7.— Ἡ ὑπηρεσία ἀνεκοίνωσε χθὲς ὅτι αἱ σχετικαὶ ἐνέργειαι συνεχίζονται κατὰ τὰς προβλεπομένας διατάξεις καὶ ὅτι ἡ ἀπόφασις θὰ ληφθῇ ἐντὸς τῶν προσεχῶν ἡμερῶν. Κατὰ τὰς πληροφορίας, αἱ ἁρμόδιαι ἀρχαὶ ἐξετάζουν τὸ ζήτημα μετὰ προσοχῆς, λαμβάνουσαι ὑπ' ὄψιν καὶ τὰς γνώμας τῶν ἐνδιαφερομένων. Ἐξ ἄλλου, γνωστοποιεῖται ὅτι ἡ ἐπιτροπὴ θὰ συνέλθῃ ἐκ νέου διὰ νὰ ἀποφασίσῃ ἐπὶ τῶν λεπτομερειῶν, αἱ ὁποῖαι θὰ ἀνακοινωθοῦν εἰς τὸ κοινὸν μετὰ τὴν ὁριστικὴν ἔγκρισιν.

ΕΙΣ ΤΟ ΛΟΝΔΙΝΟΝ, ΟΙ ΤΟΥΡΚΟΙ ΒΟΥΛΕΥΤΑΙ ΠΑΡΕΚΑΘΗΣΑΝ ΕΙΣ ΕΠΙΣΗΜΟΝ ΔΕΙΠΝΟΝ

ΑΘΗΝΑΙ, 7.— Ἡ ὑπηρεσία ἀνεκοίνωσε χθὲς ὅτι αἱ σχετικαὶ ἐνέργειαι συνεχίζονται κατὰ τὰς προβλεπομένας διατάξεις καὶ ὅτι ἡ ἀπόφασις θὰ ληφθῇ ἐντὸς τῶν προσεχῶν ἡμερῶν. Κατὰ τὰς πληροφορίας, αἱ ἁρμόδιαι ἀρχαὶ ἐξετάζουν τὸ ζήτημα μετὰ προσοχῆς, λαμβάνουσαι ὑπ' ὄψιν καὶ τὰς γνώμας τῶν ἐνδιαφερομένων. Ἐξ ἄλλου, γνωστοποιεῖται ὅτι ἡ ἐπιτροπὴ θὰ συνέλθῃ ἐκ νέου διὰ νὰ ἀποφασίσῃ ἐπὶ τῶν λεπτομερειῶν, αἱ ὁποῖαι θὰ ἀνακοινωθοῦν εἰς τὸ κοινὸν μετὰ τὴν ὁριστικὴν ἔγκρισιν.

ΑΘΗΝΑΙ, 7.— Ἡ ὑπηρεσία ἀνεκοίνωσε χθὲς ὅτι αἱ σχετικαὶ ἐνέργειαι συνεχίζονται κατὰ τὰς προβλεπομένας διατάξεις καὶ ὅτι ἡ ἀπόφασις θὰ ληφθῇ ἐντὸς τῶν προσεχῶν ἡμερῶν. Κατὰ τὰς πληροφορίας, αἱ ἁρμόδιαι ἀρχαὶ ἐξετάζουν τὸ ζήτημα μετὰ προσοχῆς, λαμβάνουσαι ὑπ' ὄψιν καὶ τὰς γνώμας τῶν ἐνδιαφερομένων. Ἐξ ἄλλου, γνωστοποιεῖται ὅτι ἡ ἐπιτροπὴ θὰ συνέλθῃ ἐκ νέου διὰ νὰ ἀποφασίσῃ ἐπὶ τῶν λεπτομερειῶν, αἱ ὁποῖαι θὰ ἀνακοινωθοῦν εἰς τὸ κοινὸν μετὰ τὴν ὁριστικὴν ἔγκρισιν.

ΕΚΗΔΕΥΘΗ ΕΙΣ ΤΑΣ ΠΑΤΡΑΣ Ο ΚΩΝ. ΓΚΟΤΣΗΣ

ΑΘΗΝΑΙ, 7.— Ἡ ὑπηρεσία ἀνεκοίνωσε χθὲς ὅτι αἱ σχετικαὶ ἐνέργειαι συνεχίζονται κατὰ τὰς προβλεπομένας διατάξεις καὶ ὅτι ἡ ἀπόφασις θὰ ληφθῇ ἐντὸς τῶν προσεχῶν ἡμερῶν. Κατὰ τὰς πληροφορίας, αἱ ἁρμόδιαι ἀρχαὶ ἐξετάζουν τὸ ζήτημα μετὰ προσοχῆς, λαμβάνουσαι ὑπ' ὄψιν καὶ τὰς γνώμας τῶν ἐνδιαφερομένων. Ἐξ ἄλλου, γνωστοποιεῖται ὅτι ἡ ἐπιτροπὴ θὰ συνέλθῃ ἐκ νέου διὰ νὰ ἀποφασίσῃ ἐπὶ τῶν λεπτομερειῶν, αἱ ὁποῖαι θὰ ἀνακοινωθοῦν εἰς τὸ κοινὸν μετὰ τὴν ὁριστικὴν ἔγκρισιν.

ΑΘΗΝΑΙ, 7.— Ἡ ὑπηρεσία ἀνεκοίνωσε χθὲς ὅτι αἱ σχετικαὶ ἐνέργειαι συνεχίζονται κατὰ τὰς προβλεπομένας διατάξεις καὶ ὅτι ἡ ἀπόφασις θὰ ληφθῇ ἐντὸς τῶν προσεχῶν ἡμερῶν. Κατὰ τὰς πληροφορίας, αἱ ἁρμόδιαι ἀρχαὶ ἐξετάζουν τὸ ζήτημα μετὰ προσοχῆς, λαμβάνουσαι ὑπ' ὄψιν καὶ τὰς γνώμας τῶν ἐνδιαφερομένων. Ἐξ ἄλλου, γνωστοποιεῖται ὅτι ἡ ἐπιτροπὴ θὰ συνέλθῃ ἐκ νέου διὰ νὰ ἀποφασίσῃ ἐπὶ τῶν λεπτομερειῶν, αἱ ὁποῖαι θὰ ἀνακοινωθοῦν εἰς τὸ κοινὸν μετὰ τὴν ὁριστικὴν ἔγκρισιν.

ΛΗΓΕΙ ΤΗΝ ΔΕΥΤΕΡΑΝ Η ΠΡΟΘΕΣΜΙΑ ΕΠΙΔΟΣΕΩΣ ΤΩΝ ΔΗΛΩΣΕΩΝ ΦΟΡΟΥ ΕΙΣΟΔΗΜΑΤΟΣ

ΑΘΗΝΑΙ, 7.— Ἡ ὑπηρεσία ἀνεκοίνωσε χθὲς ὅτι αἱ σχετικαὶ ἐνέργειαι συνεχίζονται κατὰ τὰς προβλεπομένας διατάξεις καὶ ὅτι ἡ ἀπόφασις θὰ ληφθῇ ἐντὸς τῶν προσεχῶν ἡμερῶν. Κατὰ τὰς πληροφορίας, αἱ ἁρμόδιαι ἀρχαὶ ἐξετάζουν τὸ ζήτημα μετὰ προσοχῆς, λαμβάνουσαι ὑπ' ὄψιν καὶ τὰς γνώμας τῶν ἐνδιαφερομένων. Ἐξ ἄλλου, γνωστοποιεῖται ὅτι ἡ ἐπιτροπὴ θὰ συνέλθῃ ἐκ νέου διὰ νὰ ἀποφασίσῃ ἐπὶ τῶν λεπτομερειῶν, αἱ ὁποῖαι θὰ ἀνακοινωθοῦν εἰς τὸ κοινὸν μετὰ τὴν ὁριστικὴν ἔγκρισιν.

ΤΑ ΧΑΡΤΟΣΗΜΑ ΧΡΗΜΑΤΟΣ ΚΑΦΕ ΑΠΕΣΥΡΘΗΣΑΝ

ΑΘΗΝΑΙ, 7.— Ἡ ὑπηρεσία ἀνεκοίνωσε χθὲς ὅτι αἱ σχετικαὶ ἐνέργειαι συνεχίζονται κατὰ τὰς προβλεπομένας διατάξεις καὶ ὅτι ἡ ἀπόφασις θὰ ληφθῇ ἐντὸς τῶν προσεχῶν ἡμερῶν. Κατὰ τὰς πληροφορίας, αἱ ἁρμόδιαι ἀρχαὶ ἐξετάζουν τὸ ζήτημα μετὰ προσοχῆς, λαμβάνουσαι ὑπ' ὄψιν καὶ τὰς γνώμας τῶν ἐνδιαφερομένων. Ἐξ ἄλλου, γνωστοποιεῖται ὅτι ἡ ἐπιτροπὴ θὰ συνέλθῃ ἐκ νέου διὰ νὰ ἀποφασίσῃ ἐπὶ τῶν λεπτομερειῶν, αἱ ὁποῖαι θὰ ἀνακοινωθοῦν εἰς τὸ κοινὸν μετὰ τὴν ὁριστικὴν ἔγκρισιν.

ΑΛΛΗ ΔΙΕΚΚΟΛΥΝΣΙΣ ΕΙΣ ΟΦΕΙΛΕΤΑΣ ΤΟΥ ΙΚΑ ΔΕΝ ΘΑ ΠΑΡΑΣΧΕΘΗ

ΑΘΗΝΑΙ, 7.— Ἡ ὑπηρεσία ἀνεκοίνωσε χθὲς ὅτι αἱ σχετικαὶ ἐνέργειαι συνεχίζονται κατὰ τὰς προβλεπομένας διατάξεις καὶ ὅτι ἡ ἀπόφασις θὰ ληφθῇ ἐντὸς τῶν προσεχῶν ἡμερῶν. Κατὰ τὰς πληροφορίας, αἱ ἁρμόδιαι ἀρχαὶ ἐξετάζουν τὸ ζήτημα μετὰ προσοχῆς, λαμβάνουσαι ὑπ' ὄψιν καὶ τὰς γνώμας τῶν ἐνδιαφερομένων. Ἐξ ἄλλου, γνωστοποιεῖται ὅτι ἡ ἐπιτροπὴ θὰ συνέλθῃ ἐκ νέου διὰ νὰ ἀποφασίσῃ ἐπὶ τῶν λεπτομερειῶν, αἱ ὁποῖαι θὰ ἀνακοινωθοῦν εἰς τὸ κοινὸν μετὰ τὴν ὁριστικὴν ἔγκρισιν.

ΑΝΗΛΘΕΝ ΚΑΤΑ 25,9 010 Η ΑΞΙΑ ΤΩΝ ΕΞΑΓΩΓΩΝ ΚΑΤΑ ΤΟΝ ΙΑΝΟΥΑΡΙΟΝ

ΑΘΗΝΑΙ, 7.— Ἡ ὑπηρεσία ἀνεκοίνωσε χθὲς ὅτι αἱ σχετικαὶ ἐνέργειαι συνεχίζονται κατὰ τὰς προβλεπομένας διατάξεις καὶ ὅτι ἡ ἀπόφασις θὰ ληφθῇ ἐντὸς τῶν προσεχῶν ἡμερῶν. Κατὰ τὰς πληροφορίας, αἱ ἁρμόδιαι ἀρχαὶ ἐξετάζουν τὸ ζήτημα μετὰ προσοχῆς, λαμβάνουσαι ὑπ' ὄψιν καὶ τὰς γνώμας τῶν ἐνδιαφερομένων. Ἐξ ἄλλου, γνωστοποιεῖται ὅτι ἡ ἐπιτροπὴ θὰ συνέλθῃ ἐκ νέου διὰ νὰ ἀποφασίσῃ ἐπὶ τῶν λεπτομερειῶν, αἱ ὁποῖαι θὰ ἀνακοινωθοῦν εἰς τὸ κοινὸν μετὰ τὴν ὁριστικὴν ἔγκρισιν.

10.600 ΕΚΑΤ. ΜΑΡΚΩΝ ΔΙΑΘΕΤΕΙ Η ΒΟΝΝΗ ΔΙΑ ΤΗΝ ΑΜΥΝΑΝ ΤΗΣ

ΑΘΗΝΑΙ, 7.— Ἡ ὑπηρεσία ἀνεκοίνωσε χθὲς ὅτι αἱ σχετικαὶ ἐνέργειαι συνεχίζονται κατὰ τὰς προβλεπομένας διατάξεις καὶ ὅτι ἡ ἀπόφασις θὰ ληφθῇ ἐντὸς τῶν προσεχῶν ἡμερῶν. Κατὰ τὰς πληροφορίας, αἱ ἁρμόδιαι ἀρχαὶ ἐξετάζουν τὸ ζήτημα μετὰ προσοχῆς, λαμβάνουσαι ὑπ' ὄψιν καὶ τὰς γνώμας τῶν ἐνδιαφερομένων. Ἐξ ἄλλου, γνωστοποιεῖται ὅτι ἡ ἐπιτροπὴ θὰ συνέλθῃ ἐκ νέου διὰ νὰ ἀποφασίσῃ ἐπὶ τῶν λεπτομερειῶν, αἱ ὁποῖαι θὰ ἀνακοινωθοῦν εἰς τὸ κοινὸν μετὰ τὴν ὁριστικὴν ἔγκρισιν.

ΜΥΣΤΙΚΗ ΣΥΣΚΕΨΙΣ ΗΓΕΤΩΝ ΤΩΝ Κ. Κ. ΕΙΣ ΤΗΝ ΠΡΑΓΑΝ

ΑΘΗΝΑΙ, 7.— Ἡ ὑπηρεσία ἀνεκοίνωσε χθὲς ὅτι αἱ σχετικαὶ ἐνέργειαι συνεχίζονται κατὰ τὰς προβλεπομένας διατάξεις καὶ ὅτι ἡ ἀπόφασις θὰ ληφθῇ ἐντὸς τῶν προσεχῶν ἡμερῶν. Κατὰ τὰς πληροφορίας, αἱ ἁρμόδιαι ἀρχαὶ ἐξετάζουν τὸ ζήτημα μετὰ προσοχῆς, λαμβάνουσαι ὑπ' ὄψιν καὶ τὰς γνώμας τῶν ἐνδιαφερομένων. Ἐξ ἄλλου, γνωστοποιεῖται ὅτι ἡ ἐπιτροπὴ θὰ συνέλθῃ ἐκ νέου διὰ νὰ ἀποφασίσῃ ἐπὶ τῶν λεπτομερειῶν, αἱ ὁποῖαι θὰ ἀνακοινωθοῦν εἰς τὸ κοινὸν μετὰ τὴν ὁριστικὴν ἔγκρισιν.

ΑΠΟΤΕΛΕΣΜΑΤΙΚΟΣ ΕΜΒΟΛΙΑΣΜΟΣ ΚΑΤΑ ΤΟΥ ΚΑΡΚΙΝΟΥ

ΑΘΗΝΑΙ, 7.— Ἡ ὑπηρεσία ἀνεκοίνωσε χθὲς ὅτι αἱ σχετικαὶ ἐνέργειαι συνεχίζονται κατὰ τὰς προβλεπομένας διατάξεις καὶ ὅτι ἡ ἀπόφασις θὰ ληφθῇ ἐντὸς τῶν προσεχῶν ἡμερῶν. Κατὰ τὰς πληροφορίας, αἱ ἁρμόδιαι ἀρχαὶ ἐξετάζουν τὸ ζήτημα μετὰ προσοχῆς, λαμβάνουσαι ὑπ' ὄψιν καὶ τὰς γνώμας τῶν ἐνδιαφερομένων. Ἐξ ἄλλου, γνωστοποιεῖται ὅτι ἡ ἐπιτροπὴ θὰ συνέλθῃ ἐκ νέου διὰ νὰ ἀποφασίσῃ ἐπὶ τῶν λεπτομερειῶν, αἱ ὁποῖαι θὰ ἀνακοινωθοῦν εἰς τὸ κοινὸν μετὰ τὴν ὁριστικὴν ἔγκρισιν.

ΚΛΙΝΙΚΗ ΔΙ' ΟΣΟΥΣ ΕΠΙΘΥΜΟΥΝ ΝΑ ΜΗ ΚΑΠΝΙΖΟΥΝ ΠΛΕΟΝ

ΑΘΗΝΑΙ, 7.— Ἡ ὑπηρεσία ἀνεκοίνωσε χθὲς ὅτι αἱ σχετικαὶ ἐνέργειαι συνεχίζονται κατὰ τὰς προβλεπομένας διατάξεις καὶ ὅτι ἡ ἀπόφασις θὰ ληφθῇ ἐντὸς τῶν προσεχῶν ἡμερῶν. Κατὰ τὰς πληροφορίας, αἱ ἁρμόδιαι ἀρχαὶ ἐξετάζουν τὸ ζήτημα μετὰ προσοχῆς, λαμβάνουσαι ὑπ' ὄψιν καὶ τὰς γνώμας τῶν ἐνδιαφερομένων. Ἐξ ἄλλου, γνωστοποιεῖται ὅτι ἡ ἐπιτροπὴ θὰ συνέλθῃ ἐκ νέου διὰ νὰ ἀποφασίσῃ ἐπὶ τῶν λεπτομερειῶν, αἱ ὁποῖαι θὰ ἀνακοινωθοῦν εἰς τὸ κοινὸν μετὰ τὴν ὁριστικὴν ἔγκρισιν.

Η ΚΙΝΑ ΗΓΟΡΑΣΕ ΣΙΤΟΝ ΕΚ ΚΑΝΑΔΑ

ΑΘΗΝΑΙ, 7.— Ἡ ὑπηρεσία ἀνεκοίνωσε χθὲς ὅτι αἱ σχετικαὶ ἐνέργειαι συνεχίζονται κατὰ τὰς προβλεπομένας διατάξεις καὶ ὅτι ἡ ἀπόφασις θὰ ληφθῇ ἐντὸς τῶν προσεχῶν ἡμερῶν. Κατὰ τὰς πληροφορίας, αἱ ἁρμόδιαι ἀρχαὶ ἐξετάζουν τὸ ζήτημα μετὰ προσοχῆς, λαμβάνουσαι ὑπ' ὄψιν καὶ τὰς γνώμας τῶν ἐνδιαφερομένων. Ἐξ ἄλλου, γνωστοποιεῖται ὅτι ἡ ἐπιτροπὴ θὰ συνέλθῃ ἐκ νέου διὰ νὰ ἀποφασίσῃ ἐπὶ τῶν λεπτομερειῶν, αἱ ὁποῖαι θὰ ἀνακοινωθοῦν εἰς τὸ κοινὸν μετὰ τὴν ὁριστικὴν ἔγκρισιν.

ΟΙ ΑΝΕΥ ΑΔΕΙΑΣ ΦΑΡΜΑΚΟΠΩΛΑΙ

ΑΘΗΝΑΙ, 7.— Ἡ ὑπηρεσία ἀνεκοίνωσε χθὲς ὅτι αἱ σχετικαὶ ἐνέργειαι συνεχίζονται κατὰ τὰς προβλεπομένας διατάξεις καὶ ὅτι ἡ ἀπόφασις θὰ ληφθῇ ἐντὸς τῶν προσεχῶν ἡμερῶν. Κατὰ τὰς πληροφορίας, αἱ ἁρμόδιαι ἀρχαὶ ἐξετάζουν τὸ ζήτημα μετὰ προσοχῆς, λαμβάνουσαι ὑπ' ὄψιν καὶ τὰς γνώμας τῶν ἐνδιαφερομένων. Ἐξ ἄλλου, γνωστοποιεῖται ὅτι ἡ ἐπιτροπὴ θὰ συνέλθῃ ἐκ νέου διὰ νὰ ἀποφασίσῃ ἐπὶ τῶν λεπτομερειῶν, αἱ ὁποῖαι θὰ ἀνακοινωθοῦν εἰς τὸ κοινὸν μετὰ τὴν ὁριστικὴν ἔγκρισιν.

«ΠΡΟΚΛΗΤΙΚΑΙ ΠΤΗΣΕΙΣ» ΑΕΡΟΠΛΑΝΩΝ ΤΟΥ ΙΣΡΑΗΛ

ΑΘΗΝΑΙ, 7.— Ἡ ὑπηρεσία ἀνεκοίνωσε χθὲς ὅτι αἱ σχετικαὶ ἐνέργειαι συνεχίζονται κατὰ τὰς προβλεπομένας διατάξεις καὶ ὅτι ἡ ἀπόφασις θὰ ληφθῇ ἐντὸς τῶν προσεχῶν ἡμερῶν. Κατὰ τὰς πληροφορίας, αἱ ἁρμόδιαι ἀρχαὶ ἐξετάζουν τὸ ζήτημα μετὰ προσοχῆς, λαμβάνουσαι ὑπ' ὄψιν καὶ τὰς γνώμας τῶν ἐνδιαφερομένων. Ἐξ ἄλλου, γνωστοποιεῖται ὅτι ἡ ἐπιτροπὴ θὰ συνέλθῃ ἐκ νέου διὰ νὰ ἀποφασίσῃ ἐπὶ τῶν λεπτομερειῶν, αἱ ὁποῖαι θὰ ἀνακοινωθοῦν εἰς τὸ κοινὸν μετὰ τὴν ὁριστικὴν ἔγκρισιν.

Η ΑΠΟΠΡΑΦΙΚΗ ΕΡΕΥΝΑ ΕΙΣ ΤΗΝ ΙΟΡΔΑΝΙΑΝ

ΑΘΗΝΑΙ, 7.— Ἡ ὑπηρεσία ἀνεκοίνωσε χθὲς ὅτι αἱ σχετικαὶ ἐνέργειαι συνεχίζονται κατὰ τὰς προβλεπομένας διατάξεις καὶ ὅτι ἡ ἀπόφασις θὰ ληφθῇ ἐντὸς τῶν προσεχῶν ἡμερῶν. Κατὰ τὰς πληροφορίας, αἱ ἁρμόδιαι ἀρχαὶ ἐξετάζουν τὸ ζήτημα μετὰ προσοχῆς, λαμβάνουσαι ὑπ' ὄψιν καὶ τὰς γνώμας τῶν ἐνδιαφερομένων. Ἐξ ἄλλου, γνωστοποιεῖται ὅτι ἡ ἐπιτροπὴ θὰ συνέλθῃ ἐκ νέου διὰ νὰ ἀποφασίσῃ ἐπὶ τῶν λεπτομερειῶν, αἱ ὁποῖαι θὰ ἀνακοινωθοῦν εἰς τὸ κοινὸν μετὰ τὴν ὁριστικὴν ἔγκρισιν.

ΔΕΚΑ ΜΕΤΕΩΡΟΛΟΓΟΥΣ ΠΥΡΑΥΛΟΥΣ
ΕΞΕΠΕΛΥΣΑΝ ΟΙ ΡΩΣΣΟΙ
ΑΠΟ ΤΑΣ ΔΥΟ ΠΟΛΙΚΑΣ ΠΕΡΙΟΧΑΣ
Πρὸς συγκέντρωσιν νέων στοιχείων ἐπὶ τῶν θερμοκρασιῶν καὶ τῶν πιέσεων

ΑΘΗΝΑΙ, 7.— Ἡ ὑπηρεσία ἀνεκοίνωσε χθὲς ὅτι αἱ σχετικαὶ ἐνέργειαι συνεχίζονται κατὰ τὰς προβλεπομένας διατάξεις καὶ ὅτι ἡ ἀπόφασις θὰ ληφθῇ ἐντὸς τῶν προσεχῶν ἡμερῶν. Κατὰ τὰς πληροφορίας, αἱ ἁρμόδιαι ἀρχαὶ ἐξετάζουν τὸ ζήτημα μετὰ προσοχῆς, λαμβάνουσαι ὑπ' ὄψιν καὶ τὰς γνώμας τῶν ἐνδιαφερομένων. Ἐξ ἄλλου, γνωστοποιεῖται ὅτι ἡ ἐπιτροπὴ θὰ συνέλθῃ ἐκ νέου διὰ νὰ ἀποφασίσῃ ἐπὶ τῶν λεπτομερειῶν, αἱ ὁποῖαι θὰ ἀνακοινωθοῦν εἰς τὸ κοινὸν μετὰ τὴν ὁριστικὴν ἔγκρισιν.

ΑΘΗΝΑΙ, 7.— Ἡ ὑπηρεσία ἀνεκοίνωσε χθὲς ὅτι αἱ σχετικαὶ ἐνέργειαι συνεχίζονται κατὰ τὰς προβλεπομένας διατάξεις καὶ ὅτι ἡ ἀπόφασις θὰ ληφθῇ ἐντὸς τῶν προσεχῶν ἡμερῶν. Κατὰ τὰς πληροφορίας, αἱ ἁρμόδιαι ἀρχαὶ ἐξετάζουν τὸ ζήτημα μετὰ προσοχῆς, λαμβάνουσαι ὑπ' ὄψιν καὶ τὰς γνώμας τῶν ἐνδιαφερομένων. Ἐξ ἄλλου, γνωστοποιεῖται ὅτι ἡ ἐπιτροπὴ θὰ συνέλθῃ ἐκ νέου διὰ νὰ ἀποφασίσῃ ἐπὶ τῶν λεπτομερειῶν, αἱ ὁποῖαι θὰ ἀνακοινωθοῦν εἰς τὸ κοινὸν μετὰ τὴν ὁριστικὴν ἔγκρισιν.

ΑΘΗΝΑΙ, 7.— Ἡ ὑπηρεσία ἀνεκοίνωσε χθὲς ὅτι αἱ σχετικαὶ ἐνέργειαι συνεχίζονται κατὰ τὰς προβλεπομένας διατάξεις καὶ ὅτι ἡ ἀπόφασις θὰ ληφθῇ ἐντὸς τῶν προσεχῶν ἡμερῶν. Κατὰ τὰς πληροφορίας, αἱ ἁρμόδιαι ἀρχαὶ ἐξετάζουν τὸ ζήτημα μετὰ προσοχῆς, λαμβάνουσαι ὑπ' ὄψιν καὶ τὰς γνώμας τῶν ἐνδιαφερομένων. Ἐξ ἄλλου, γνωστοποιεῖται ὅτι ἡ ἐπιτροπὴ θὰ συνέλθῃ ἐκ νέου διὰ νὰ ἀποφασίσῃ ἐπὶ τῶν λεπτομερειῶν, αἱ ὁποῖαι θὰ ἀνακοινωθοῦν εἰς τὸ κοινὸν μετὰ τὴν ὁριστικὴν ἔγκρισιν.

ΚΑΙ ΑΛΛΑΙ ΑΝΑΒΟΛΑΙ

ΑΘΗΝΑΙ, 7.— Ἡ ὑπηρεσία ἀνεκοίνωσε χθὲς ὅτι αἱ σχετικαὶ ἐνέργειαι συνεχίζονται κατὰ τὰς προβλεπομένας διατάξεις καὶ ὅτι ἡ ἀπόφασις θὰ ληφθῇ ἐντὸς τῶν προσεχῶν ἡμερῶν. Κατὰ τὰς πληροφορίας, αἱ ἁρμόδιαι ἀρχαὶ ἐξετάζουν τὸ ζήτημα μετὰ προσοχῆς, λαμβάνουσαι ὑπ' ὄψιν καὶ τὰς γνώμας τῶν ἐνδιαφερομένων. Ἐξ ἄλλου, γνωστοποιεῖται ὅτι ἡ ἐπιτροπὴ θὰ συνέλθῃ ἐκ νέου διὰ νὰ ἀποφασίσῃ ἐπὶ τῶν λεπτομερειῶν, αἱ ὁποῖαι θὰ ἀνακοινωθοῦν εἰς τὸ κοινὸν μετὰ τὴν ὁριστικὴν ἔγκρισιν.

ΙΑΠΩΝΙΚΟΣ ΠΥΡΑΥΛΟΣ

ΑΘΗΝΑΙ, 7.— Ἡ ὑπηρεσία ἀνεκοίνωσε χθὲς ὅτι αἱ σχετικαὶ ἐνέργειαι συνεχίζονται κατὰ τὰς προβλεπομένας διατάξεις καὶ ὅτι ἡ ἀπόφασις θὰ ληφθῇ ἐντὸς τῶν προσεχῶν ἡμερῶν. Κατὰ τὰς πληροφορίας, αἱ ἁρμόδιαι ἀρχαὶ ἐξετάζουν τὸ ζήτημα μετὰ προσοχῆς, λαμβάνουσαι ὑπ' ὄψιν καὶ τὰς γνώμας τῶν ἐνδιαφερομένων. Ἐξ ἄλλου, γνωστοποιεῖται ὅτι ἡ ἐπιτροπὴ θὰ συνέλθῃ ἐκ νέου διὰ νὰ ἀποφασίσῃ ἐπὶ τῶν λεπτομερειῶν, αἱ ὁποῖαι θὰ ἀνακοινωθοῦν εἰς τὸ κοινὸν μετὰ τὴν ὁριστικὴν ἔγκρισιν.

ΔΙΕΛΥΘΗ Ο ΚΑΛΥΨΙΣ ΤΗΝ ΕΛΛΑΔΑ ΑΝΤΙΚΥΚΛΩΝ ΕΚΟΠΑΣΑΝ ΟΙ ΑΝΕΜΟΙ ΚΑΙ ΗΡΧΙΣΕ ΚΑΛΟΚΑΙΡΙΑ

ΑΘΗΝΑΙ, 7.— Ἡ ὑπηρεσία ἀνεκοίνωσε χθὲς ὅτι αἱ σχετικαὶ ἐνέργειαι συνεχίζονται κατὰ τὰς προβλεπομένας διατάξεις καὶ ὅτι ἡ ἀπόφασις θὰ ληφθῇ ἐντὸς τῶν προσεχῶν ἡμερῶν. Κατὰ τὰς πληροφορίας, αἱ ἁρμόδιαι ἀρχαὶ ἐξετάζουν τὸ ζήτημα μετὰ προσοχῆς, λαμβάνουσαι ὑπ' ὄψιν καὶ τὰς γνώμας τῶν ἐνδιαφερομένων. Ἐξ ἄλλου, γνωστοποιεῖται ὅτι ἡ ἐπιτροπὴ θὰ συνέλθῃ ἐκ νέου διὰ νὰ ἀποφασίσῃ ἐπὶ τῶν λεπτομερειῶν, αἱ ὁποῖαι θὰ ἀνακοινωθοῦν εἰς τὸ κοινὸν μετὰ τὴν ὁριστικὴν ἔγκρισιν.

ΔΙΕΛΥΘΗ Ο ΑΝΤΙΚΥΚΛΩΝ

ΑΘΗΝΑΙ, 7.— Ἡ ὑπηρεσία ἀνεκοίνωσε χθὲς ὅτι αἱ σχετικαὶ ἐνέργειαι συνεχίζονται κατὰ τὰς προβλεπομένας διατάξεις καὶ ὅτι ἡ ἀπόφασις θὰ ληφθῇ ἐντὸς τῶν προσεχῶν ἡμερῶν. Κατὰ τὰς πληροφορίας, αἱ ἁρμόδιαι ἀρχαὶ ἐξετάζουν τὸ ζήτημα μετὰ προσοχῆς, λαμβάνουσαι ὑπ' ὄψιν καὶ τὰς γνώμας τῶν ἐνδιαφερομένων. Ἐξ ἄλλου, γνωστοποιεῖται ὅτι ἡ ἐπιτροπὴ θὰ συνέλθῃ ἐκ νέου διὰ νὰ ἀποφασίσῃ ἐπὶ τῶν λεπτομερειῶν, αἱ ὁποῖαι θὰ ἀνακοινωθοῦν εἰς τὸ κοινὸν μετὰ τὴν ὁριστικὴν ἔγκρισιν.

ΧΑΛΑΖΟΠΤΩΣΙΣ

ΑΘΗΝΑΙ, 7.— Ἡ ὑπηρεσία ἀνεκοίνωσε χθὲς ὅτι αἱ σχετικαὶ ἐνέργειαι συνεχίζονται κατὰ τὰς προβλεπομένας διατάξεις καὶ ὅτι ἡ ἀπόφασις θὰ ληφθῇ ἐντὸς τῶν προσεχῶν ἡμερῶν. Κατὰ τὰς πληροφορίας, αἱ ἁρμόδιαι ἀρχαὶ ἐξετάζουν τὸ ζήτημα μετὰ προσοχῆς, λαμβάνουσαι ὑπ' ὄψιν καὶ τὰς γνώμας τῶν ἐνδιαφερομένων. Ἐξ ἄλλου, γνωστοποιεῖται ὅτι ἡ ἐπιτροπὴ θὰ συνέλθῃ ἐκ νέου διὰ νὰ ἀποφασίσῃ ἐπὶ τῶν λεπτομερειῶν, αἱ ὁποῖαι θὰ ἀνακοινωθοῦν εἰς τὸ κοινὸν μετὰ τὴν ὁριστικὴν ἔγκρισιν.

Ο ΑΟ·ΥΝΤ ΑΝΑΖΗΤΕΙ ΑΚΟΜΗ ΚΟΙΝΗΝ ΒΑΣΙΝ ΑΠΟΔΕΚΤΗΝ ΥΠΟ ΤΗΣ ΕΛΛΑΔΟΣ ΚΑΙ ΤΟΥΡΚΙΑΣ

ΑΘΗΝΑΙ, 7.— Ἡ ὑπηρεσία ἀνεκοίνωσε χθὲς ὅτι αἱ σχετικαὶ ἐνέργειαι συνεχίζονται κατὰ τὰς προβλεπομένας διατάξεις καὶ ὅτι ἡ ἀπόφασις θὰ ληφθῇ ἐντὸς τῶν προσεχῶν ἡμερῶν. Κατὰ τὰς πληροφορίας, αἱ ἁρμόδιαι ἀρχαὶ ἐξετάζουν τὸ ζήτημα μετὰ προσοχῆς, λαμβάνουσαι ὑπ' ὄψιν καὶ τὰς γνώμας τῶν ἐνδιαφερομένων. Ἐξ ἄλλου, γνωστοποιεῖται ὅτι ἡ ἐπιτροπὴ θὰ συνέλθῃ ἐκ νέου διὰ νὰ ἀποφασίσῃ ἐπὶ τῶν λεπτομερειῶν, αἱ ὁποῖαι θὰ ἀνακοινωθοῦν εἰς τὸ κοινὸν μετὰ τὴν ὁριστικὴν ἔγκρισιν.

ΑΘΗΝΑΙ, 7.— Ἡ ὑπηρεσία ἀνεκοίνωσε χθὲς ὅτι αἱ σχετικαὶ ἐνέργειαι συνεχίζονται κατὰ τὰς προβλεπομένας διατάξεις καὶ ὅτι ἡ ἀπόφασις θὰ ληφθῇ ἐντὸς τῶν προσεχῶν ἡμερῶν. Κατὰ τὰς πληροφορίας, αἱ ἁρμόδιαι ἀρχαὶ ἐξετάζουν τὸ ζήτημα μετὰ προσοχῆς, λαμβάνουσαι ὑπ' ὄψιν καὶ τὰς γνώμας τῶν ἐνδιαφερομένων. Ἐξ ἄλλου, γνωστοποιεῖται ὅτι ἡ ἐπιτροπὴ θὰ συνέλθῃ ἐκ νέου διὰ νὰ ἀποφασίσῃ ἐπὶ τῶν λεπτομερειῶν, αἱ ὁποῖαι θὰ ἀνακοινωθοῦν εἰς τὸ κοινὸν μετὰ τὴν ὁριστικὴν ἔγκρισιν.

ΒΑΡΒΑΡΟΤΗΤΕΣ

ΑΘΗΝΑΙ, 7.— Ἡ ὑπηρεσία ἀνεκοίνωσε χθὲς ὅτι αἱ σχετικαὶ ἐνέργειαι συνεχίζονται κατὰ τὰς προβλεπομένας διατάξεις καὶ ὅτι ἡ ἀπόφασις θὰ ληφθῇ ἐντὸς τῶν προσεχῶν ἡμερῶν. Κατὰ τὰς πληροφορίας, αἱ ἁρμόδιαι ἀρχαὶ ἐξετάζουν τὸ ζήτημα μετὰ προσοχῆς, λαμβάνουσαι ὑπ' ὄψιν καὶ τὰς γνώμας τῶν ἐνδιαφερομένων. Ἐξ ἄλλου, γνωστοποιεῖται ὅτι ἡ ἐπιτροπὴ θὰ συνέλθῃ ἐκ νέου διὰ νὰ ἀποφασίσῃ ἐπὶ τῶν λεπτομερειῶν, αἱ ὁποῖαι θὰ ἀνακοινωθοῦν εἰς τὸ κοινὸν μετὰ τὴν ὁριστικὴν ἔγκρισιν.

ΟΜΙΛΙΑ ΤΟΥ ΑΡΧΙΕΠΙΣΚΟΠΟΥ

ΑΘΗΝΑΙ, 7.— Ἡ ὑπηρεσία ἀνεκοίνωσε χθὲς ὅτι αἱ σχετικαὶ ἐνέργειαι συνεχίζονται κατὰ τὰς προβλεπομένας διατάξεις καὶ ὅτι ἡ ἀπόφασις θὰ ληφθῇ ἐντὸς τῶν προσεχῶν ἡμερῶν. Κατὰ τὰς πληροφορίας, αἱ ἁρμόδιαι ἀρχαὶ ἐξετάζουν τὸ ζήτημα μετὰ προσοχῆς, λαμβάνουσαι ὑπ' ὄψιν καὶ τὰς γνώμας τῶν ἐνδιαφερομένων. Ἐξ ἄλλου, γνωστοποιεῖται ὅτι ἡ ἐπιτροπὴ θὰ συνέλθῃ ἐκ νέου διὰ νὰ ἀποφασίσῃ ἐπὶ τῶν λεπτομερειῶν, αἱ ὁποῖαι θὰ ἀνακοινωθοῦν εἰς τὸ κοινὸν μετὰ τὴν ὁριστικὴν ἔγκρισιν.

ΖΗΤΟΥΝ ΑΥΞΗΣΕΙΣ

ΑΘΗΝΑΙ, 7.— Ἡ ὑπηρεσία ἀνεκοίνωσε χθὲς ὅτι αἱ σχετικαὶ ἐνέργειαι συνεχίζονται κατὰ τὰς προβλεπομένας διατάξεις καὶ ὅτι ἡ ἀπόφασις θὰ ληφθῇ ἐντὸς τῶν προσεχῶν ἡμερῶν. Κατὰ τὰς πληροφορίας, αἱ ἁρμόδιαι ἀρχαὶ ἐξετάζουν τὸ ζήτημα μετὰ προσοχῆς, λαμβάνουσαι ὑπ' ὄψιν καὶ τὰς γνώμας τῶν ἐνδιαφερομένων. Ἐξ ἄλλου, γνωστοποιεῖται ὅτι ἡ ἐπιτροπὴ θὰ συνέλθῃ ἐκ νέου διὰ νὰ ἀποφασίσῃ ἐπὶ τῶν λεπτομερειῶν, αἱ ὁποῖαι θὰ ἀνακοινωθοῦν εἰς τὸ κοινὸν μετὰ τὴν ὁριστικὴν ἔγκρισιν.

ΑΙ ΚΙΝΗΣΕΙΣ ΤΩΝ ΜΙΚΡΩΝ ΚΟΜΜΑΤΩΝ
ΠΡΟΣ ΣΥΓΚΡΟΤΗΣΙΝ ΕΚΛΟΓΙΚΟΥ ΣΥΝΑΣΠΙΣΜΟΥ
ΣΥΝΕΧΕΙΑ ἐκ τῆς 1ης σελίδος

ΑΘΗΝΑΙ, 7.— Ἡ ὑπηρεσία ἀνεκοίνωσε χθὲς ὅτι αἱ σχετικαὶ ἐνέργειαι συνεχίζονται κατὰ τὰς προβλεπομένας διατάξεις καὶ ὅτι ἡ ἀπόφασις θὰ ληφθῇ ἐντὸς τῶν προσεχῶν ἡμερῶν. Κατὰ τὰς πληροφορίας, αἱ ἁρμόδιαι ἀρχαὶ ἐξετάζουν τὸ ζήτημα μετὰ προσοχῆς, λαμβάνουσαι ὑπ' ὄψιν καὶ τὰς γνώμας τῶν ἐνδιαφερομένων. Ἐξ ἄλλου, γνωστοποιεῖται ὅτι ἡ ἐπιτροπὴ θὰ συνέλθῃ ἐκ νέου διὰ νὰ ἀποφασίσῃ ἐπὶ τῶν λεπτομερειῶν, αἱ ὁποῖαι θὰ ἀνακοινωθοῦν εἰς τὸ κοινὸν μετὰ τὴν ὁριστικὴν ἔγκρισιν.

ΑΘΗΝΑΙ, 7.— Ἡ ὑπηρεσία ἀνεκοίνωσε χθὲς ὅτι αἱ σχετικαὶ ἐνέργειαι συνεχίζονται κατὰ τὰς προβλεπομένας διατάξεις καὶ ὅτι ἡ ἀπόφασις θὰ ληφθῇ ἐντὸς τῶν προσεχῶν ἡμερῶν. Κατὰ τὰς πληροφορίας, αἱ ἁρμόδιαι ἀρχαὶ ἐξετάζουν τὸ ζήτημα μετὰ προσοχῆς, λαμβάνουσαι ὑπ' ὄψιν καὶ τὰς γνώμας τῶν ἐνδιαφερομένων. Ἐξ ἄλλου, γνωστοποιεῖται ὅτι ἡ ἐπιτροπὴ θὰ συνέλθῃ ἐκ νέου διὰ νὰ ἀποφασίσῃ ἐπὶ τῶν λεπτομερειῶν, αἱ ὁποῖαι θὰ ἀνακοινωθοῦν εἰς τὸ κοινὸν μετὰ τὴν ὁριστικὴν ἔγκρισιν.

ΤΑ ΠΟΣΟΣΤΑ

ΑΘΗΝΑΙ, 7.— Ἡ ὑπηρεσία ἀνεκοίνωσε χθὲς ὅτι αἱ σχετικαὶ ἐνέργειαι συνεχίζονται κατὰ τὰς προβλεπομένας διατάξεις καὶ ὅτι ἡ ἀπόφασις θὰ ληφθῇ ἐντὸς τῶν προσεχῶν ἡμερῶν. Κατὰ τὰς πληροφορίας, αἱ ἁρμόδιαι ἀρχαὶ ἐξετάζουν τὸ ζήτημα μετὰ προσοχῆς, λαμβάνουσαι ὑπ' ὄψιν καὶ τὰς γνώμας τῶν ἐνδιαφερομένων. Ἐξ ἄλλου, γνωστοποιεῖται ὅτι ἡ ἐπιτροπὴ θὰ συνέλθῃ ἐκ νέου διὰ νὰ ἀποφασίσῃ ἐπὶ τῶν λεπτομερειῶν, αἱ ὁποῖαι θὰ ἀνακοινωθοῦν εἰς τὸ κοινὸν μετὰ τὴν ὁριστικὴν ἔγκρισιν.

ΤΟ ΔΗΜΟΚΡΑΤΙΚΟΝ

ΑΘΗΝΑΙ, 7.— Ἡ ὑπηρεσία ἀνεκοίνωσε χθὲς ὅτι αἱ σχετικαὶ ἐνέργειαι συνεχίζονται κατὰ τὰς προβλεπομένας διατάξεις καὶ ὅτι ἡ ἀπόφασις θὰ ληφθῇ ἐντὸς τῶν προσεχῶν ἡμερῶν. Κατὰ τὰς πληροφορίας, αἱ ἁρμόδιαι ἀρχαὶ ἐξετάζουν τὸ ζήτημα μετὰ προσοχῆς, λαμβάνουσαι ὑπ' ὄψιν καὶ τὰς γνώμας τῶν ἐνδιαφερομένων. Ἐξ ἄλλου, γνωστοποιεῖται ὅτι ἡ ἐπιτροπὴ θὰ συνέλθῃ ἐκ νέου διὰ νὰ ἀποφασίσῃ ἐπὶ τῶν λεπτομερειῶν, αἱ ὁποῖαι θὰ ἀνακοινωθοῦν εἰς τὸ κοινὸν μετὰ τὴν ὁριστικὴν ἔγκρισιν.

Η ΕΠΙΤΡΟΠΗ ΑΝΑΛΟΓΙΚΗΣ

ΑΘΗΝΑΙ, 7.— Ἡ ὑπηρεσία ἀνεκοίνωσε χθὲς ὅτι αἱ σχετικαὶ ἐνέργειαι συνεχίζονται κατὰ τὰς προβλεπομένας διατάξεις καὶ ὅτι ἡ ἀπόφασις θὰ ληφθῇ ἐντὸς τῶν προσεχῶν ἡμερῶν. Κατὰ τὰς πληροφορίας, αἱ ἁρμόδιαι ἀρχαὶ ἐξετάζουν τὸ ζήτημα μετὰ προσοχῆς, λαμβάνουσαι ὑπ' ὄψιν καὶ τὰς γνώμας τῶν ἐνδιαφερομένων. Ἐξ ἄλλου, γνωστοποιεῖται ὅτι ἡ ἐπιτροπὴ θὰ συνέλθῃ ἐκ νέου διὰ νὰ ἀποφασίσῃ ἐπὶ τῶν λεπτομερειῶν, αἱ ὁποῖαι θὰ ἀνακοινωθοῦν εἰς τὸ κοινὸν μετὰ τὴν ὁριστικὴν ἔγκρισιν.

ΔΕΝ ΕΠΙΣΤΡΕΦΟΥΝ

ΑΘΗΝΑΙ, 7.— Ἡ ὑπηρεσία ἀνεκοίνωσε χθὲς ὅτι αἱ σχετικαὶ ἐνέργειαι συνεχίζονται κατὰ τὰς προβλεπομένας διατάξεις καὶ ὅτι ἡ ἀπόφασις θὰ ληφθῇ ἐντὸς τῶν προσεχῶν ἡμερῶν. Κατὰ τὰς πληροφορίας, αἱ ἁρμόδιαι ἀρχαὶ ἐξετάζουν τὸ ζήτημα μετὰ προσοχῆς, λαμβάνουσαι ὑπ' ὄψιν καὶ τὰς γνώμας τῶν ἐνδιαφερομένων. Ἐξ ἄλλου, γνωστοποιεῖται ὅτι ἡ ἐπιτροπὴ θὰ συνέλθῃ ἐκ νέου διὰ νὰ ἀποφασίσῃ ἐπὶ τῶν λεπτομερειῶν, αἱ ὁποῖαι θὰ ἀνακοινωθοῦν εἰς τὸ κοινὸν μετὰ τὴν ὁριστικὴν ἔγκρισιν.

Η ΑΠΟΓΡΑΦΗ ΤΟΥ 1951

ΑΘΗΝΑΙ, 7.— Ἡ ὑπηρεσία ἀνεκοίνωσε χθὲς ὅτι αἱ σχετικαὶ ἐνέργειαι συνεχίζονται κατὰ τὰς προβλεπομένας διατάξεις καὶ ὅτι ἡ ἀπόφασις θὰ ληφθῇ ἐντὸς τῶν προσεχῶν ἡμερῶν. Κατὰ τὰς πληροφορίας, αἱ ἁρμόδιαι ἀρχαὶ ἐξετάζουν τὸ ζήτημα μετὰ προσοχῆς, λαμβάνουσαι ὑπ' ὄψιν καὶ τὰς γνώμας τῶν ἐνδιαφερομένων. Ἐξ ἄλλου, γνωστοποιεῖται ὅτι ἡ ἐπιτροπὴ θὰ συνέλθῃ ἐκ νέου διὰ νὰ ἀποφασίσῃ ἐπὶ τῶν λεπτομερειῶν, αἱ ὁποῖαι θὰ ἀνακοινωθοῦν εἰς τὸ κοινὸν μετὰ τὴν ὁριστικὴν ἔγκρισιν.

ΑΜΕΡΟΛΗΝΙΑ

ΑΘΗΝΑΙ, 7.— Ἡ ὑπηρεσία ἀνεκοίνωσε χθὲς ὅτι αἱ σχετικαὶ ἐνέργειαι συνεχίζονται κατὰ τὰς προβλεπομένας διατάξεις καὶ ὅτι ἡ ἀπόφασις θὰ ληφθῇ ἐντὸς τῶν προσεχῶν ἡμερῶν. Κατὰ τὰς πληροφορίας, αἱ ἁρμόδιαι ἀρχαὶ ἐξετάζουν τὸ ζήτημα μετὰ προσοχῆς, λαμβάνουσαι ὑπ' ὄψιν καὶ τὰς γνώμας τῶν ἐνδιαφερομένων. Ἐξ ἄλλου, γνωστοποιεῖται ὅτι ἡ ἐπιτροπὴ θὰ συνέλθῃ ἐκ νέου διὰ νὰ ἀποφασίσῃ ἐπὶ τῶν λεπτομερειῶν, αἱ ὁποῖαι θὰ ἀνακοινωθοῦν εἰς τὸ κοινὸν μετὰ τὴν ὁριστικὴν ἔγκρισιν.

ΣΥΝΤΑΞΙΟΥΧΟΙ ΣΕΡΡΩΝ

ΑΘΗΝΑΙ, 7.— Ἡ ὑπηρεσία ἀνεκοίνωσε χθὲς ὅτι αἱ σχετικαὶ ἐνέργειαι συνεχίζονται κατὰ τὰς προβλεπομένας διατάξεις καὶ ὅτι ἡ ἀπόφασις θὰ ληφθῇ ἐντὸς τῶν προσεχῶν ἡμερῶν. Κατὰ τὰς πληροφορίας, αἱ ἁρμόδιαι ἀρχαὶ ἐξετάζουν τὸ ζήτημα μετὰ προσοχῆς, λαμβάνουσαι ὑπ' ὄψιν καὶ τὰς γνώμας τῶν ἐνδιαφερομένων. Ἐξ ἄλλου, γνωστοποιεῖται ὅτι ἡ ἐπιτροπὴ θὰ συνέλθῃ ἐκ νέου διὰ νὰ ἀποφασίσῃ ἐπὶ τῶν λεπτομερειῶν, αἱ ὁποῖαι θὰ ἀνακοινωθοῦν εἰς τὸ κοινὸν μετὰ τὴν ὁριστικὴν ἔγκρισιν.

ΕΙΣ ΤΟ ΚΙΛΚΙΣ

ΑΘΗΝΑΙ, 7.— Ἡ ὑπηρεσία ἀνεκοίνωσε χθὲς ὅτι αἱ σχετικαὶ ἐνέργειαι συνεχίζονται κατὰ τὰς προβλεπομένας διατάξεις καὶ ὅτι ἡ ἀπόφασις θὰ ληφθῇ ἐντὸς τῶν προσεχῶν ἡμερῶν. Κατὰ τὰς πληροφορίας, αἱ ἁρμόδιαι ἀρχαὶ ἐξετάζουν τὸ ζήτημα μετὰ προσοχῆς, λαμβάνουσαι ὑπ' ὄψιν καὶ τὰς γνώμας τῶν ἐνδιαφερομένων. Ἐξ ἄλλου, γνωστοποιεῖται ὅτι ἡ ἐπιτροπὴ θὰ συνέλθῃ ἐκ νέου διὰ νὰ ἀποφασίσῃ ἐπὶ τῶν λεπτομερειῶν, αἱ ὁποῖαι θὰ ἀνακοινωθοῦν εἰς τὸ κοινὸν μετὰ τὴν ὁριστικὴν ἔγκρισιν.

ΟΙ «ΤΑΙΜΣ ΤΗΣ Ν. ΥΟΡΚΗΣ»

ΑΘΗΝΑΙ, 7.— Ἡ ὑπηρεσία ἀνεκοίνωσε χθὲς ὅτι αἱ σχετικαὶ ἐνέργειαι συνεχίζονται κατὰ τὰς προβλεπομένας διατάξεις καὶ ὅτι ἡ ἀπόφασις θὰ ληφθῇ ἐντὸς τῶν προσεχῶν ἡμερῶν. Κατὰ τὰς πληροφορίας, αἱ ἁρμόδιαι ἀρχαὶ ἐξετάζουν τὸ ζήτημα μετὰ προσοχῆς, λαμβάνουσαι ὑπ' ὄψιν καὶ τὰς γνώμας τῶν ἐνδιαφερομένων. Ἐξ ἄλλου, γνωστοποιεῖται ὅτι ἡ ἐπιτροπὴ θὰ συνέλθῃ ἐκ νέου διὰ νὰ ἀποφασίσῃ ἐπὶ τῶν λεπτομερειῶν, αἱ ὁποῖαι θὰ ἀνακοινωθοῦν εἰς τὸ κοινὸν μετὰ τὴν ὁριστικὴν ἔγκρισιν.

ΧΑΙ-ΝΤΕΡΑΜΠΑΝΤ, Ἰνδίαι, 7

ΑΘΗΝΑΙ, 7.— Ἡ ὑπηρεσία ἀνεκοίνωσε χθὲς ὅτι αἱ σχετικαὶ ἐνέργειαι συνεχίζονται κατὰ τὰς προβλεπομένας διατάξεις καὶ ὅτι ἡ ἀπόφασις θὰ ληφθῇ ἐντὸς τῶν προσεχῶν ἡμερῶν. Κατὰ τὰς πληροφορίας, αἱ ἁρμόδιαι ἀρχαὶ ἐξετάζουν τὸ ζήτημα μετὰ προσοχῆς, λαμβάνουσαι ὑπ' ὄψιν καὶ τὰς γνώμας τῶν ἐνδιαφερομένων. Ἐξ ἄλλου, γνωστοποιεῖται ὅτι ἡ ἐπιτροπὴ θὰ συνέλθῃ ἐκ νέου διὰ νὰ ἀποφασίσῃ ἐπὶ τῶν λεπτομερειῶν, αἱ ὁποῖαι θὰ ἀνακοινωθοῦν εἰς τὸ κοινὸν μετὰ τὴν ὁριστικὴν ἔγκρισιν.

ΜΕΤΑΝΑΣΤΕΥΣΑΣ ΕΙΣ ΤΟΥΡΚΙΑΝ ΟΘΩΜΑΝΟΣ ΖΗΤΕΙ ΝΑ ΕΠΑΝΕΛΘΗ ΕΙΣ ΤΗΝ ΕΛΛΑΔΑ

ΑΘΗΝΑΙ, 7.— Ἡ ὑπηρεσία ἀνεκοίνωσε χθὲς ὅτι αἱ σχετικαὶ ἐνέργειαι συνεχίζονται κατὰ τὰς προβλεπομένας διατάξεις καὶ ὅτι ἡ ἀπόφασις θὰ ληφθῇ ἐντὸς τῶν προσεχῶν ἡμερῶν. Κατὰ τὰς πληροφορίας, αἱ ἁρμόδιαι ἀρχαὶ ἐξετάζουν τὸ ζήτημα μετὰ προσοχῆς, λαμβάνουσαι ὑπ' ὄψιν καὶ τὰς γνώμας τῶν ἐνδιαφερομένων. Ἐξ ἄλλου, γνωστοποιεῖται ὅτι ἡ ἐπιτροπὴ θὰ συνέλθῃ ἐκ νέου διὰ νὰ ἀποφασίσῃ ἐπὶ τῶν λεπτομερειῶν, αἱ ὁποῖαι θὰ ἀνακοινωθοῦν εἰς τὸ κοινὸν μετὰ τὴν ὁριστικὴν ἔγκρισιν.

ΑΘΗΝΑΙ, 7.— Ἡ ὑπηρεσία ἀνεκοίνωσε χθὲς ὅτι αἱ σχετικαὶ ἐνέργειαι συνεχίζονται κατὰ τὰς προβλεπομένας διατάξεις καὶ ὅτι ἡ ἀπόφασις θὰ ληφθῇ ἐντὸς τῶν προσεχῶν ἡμερῶν. Κατὰ τὰς πληροφορίας, αἱ ἁρμόδιαι ἀρχαὶ ἐξετάζουν τὸ ζήτημα μετὰ προσοχῆς, λαμβάνουσαι ὑπ' ὄψιν καὶ τὰς γνώμας τῶν ἐνδιαφερομένων. Ἐξ ἄλλου, γνωστοποιεῖται ὅτι ἡ ἐπιτροπὴ θὰ συνέλθῃ ἐκ νέου διὰ νὰ ἀποφασίσῃ ἐπὶ τῶν λεπτομερειῶν, αἱ ὁποῖαι θὰ ἀνακοινωθοῦν εἰς τὸ κοινὸν μετὰ τὴν ὁριστικὴν ἔγκρισιν.

ΟΙ ΕΡΓΑΤΙΚΟΙ ΘΑ ΝΙΚΗΣΟΥΝ ΕΙΣ ΠΕΡΙΠΤΩΣΙΝ ΕΚΛΟΓΩΝ ΚΑΤΑ ΤΟ ΓΚΑΛΟΥΠ

ΑΘΗΝΑΙ, 7.— Ἡ ὑπηρεσία ἀνεκοίνωσε χθὲς ὅτι αἱ σχετικαὶ ἐνέργειαι συνεχίζονται κατὰ τὰς προβλεπομένας διατάξεις καὶ ὅτι ἡ ἀπόφασις θὰ ληφθῇ ἐντὸς τῶν προσεχῶν ἡμερῶν. Κατὰ τὰς πληροφορίας, αἱ ἁρμόδιαι ἀρχαὶ ἐξετάζουν τὸ ζήτημα μετὰ προσοχῆς, λαμβάνουσαι ὑπ' ὄψιν καὶ τὰς γνώμας τῶν ἐνδιαφερομένων. Ἐξ ἄλλου, γνωστοποιεῖται ὅτι ἡ ἐπιτροπὴ θὰ συνέλθῃ ἐκ νέου διὰ νὰ ἀποφασίσῃ ἐπὶ τῶν λεπτομερειῶν, αἱ ὁποῖαι θὰ ἀνακοινωθοῦν εἰς τὸ κοινὸν μετὰ τὴν ὁριστικὴν ἔγκρισιν.

ΜΕΓΑΛΗ ΝΑΥΤΙΚΗ ΑΓΓΛΟΚΑΝΑΔΙΚΗ ΑΣΚΗΣΙΣ ΕΙΣ ΒΕΡΜΟΥΔΑΣ

ΑΘΗΝΑΙ, 7.— Ἡ ὑπηρεσία ἀνεκοίνωσε χθὲς ὅτι αἱ σχετικαὶ ἐνέργειαι συνεχίζονται κατὰ τὰς προβλεπομένας διατάξεις καὶ ὅτι ἡ ἀπόφασις θὰ ληφθῇ ἐντὸς τῶν προσεχῶν ἡμερῶν. Κατὰ τὰς πληροφορίας, αἱ ἁρμόδιαι ἀρχαὶ ἐξετάζουν τὸ ζήτημα μετὰ προσοχῆς, λαμβάνουσαι ὑπ' ὄψιν καὶ τὰς γνώμας τῶν ἐνδιαφερομένων. Ἐξ ἄλλου, γνωστοποιεῖται ὅτι ἡ ἐπιτροπὴ θὰ συνέλθῃ ἐκ νέου διὰ νὰ ἀποφασίσῃ ἐπὶ τῶν λεπτομερειῶν, αἱ ὁποῖαι θὰ ἀνακοινωθοῦν εἰς τὸ κοινὸν μετὰ τὴν ὁριστικὴν ἔγκρισιν.

ΑΘΗΝΑΙ, 7.— Ἡ ὑπηρεσία ἀνεκοίνωσε χθὲς ὅτι αἱ σχετικαὶ ἐνέργειαι συνεχίζονται κατὰ τὰς προβλεπομένας διατάξεις καὶ ὅτι ἡ ἀπόφασις θὰ ληφθῇ ἐντὸς τῶν προσεχῶν ἡμερῶν. Κατὰ τὰς πληροφορίας, αἱ ἁρμόδιαι ἀρχαὶ ἐξετάζουν τὸ ζήτημα μετὰ προσοχῆς, λαμβάνουσαι ὑπ' ὄψιν καὶ τὰς γνώμας τῶν ἐνδιαφερομένων. Ἐξ ἄλλου, γνωστοποιεῖται ὅτι ἡ ἐπιτροπὴ θὰ συνέλθῃ ἐκ νέου διὰ νὰ ἀποφασίσῃ ἐπὶ τῶν λεπτομερειῶν, αἱ ὁποῖαι θὰ ἀνακοινωθοῦν εἰς τὸ κοινὸν μετὰ τὴν ὁριστικὴν ἔγκρισιν.

6,5 ΕΚ. ΟΧΗΜΑΤΑ ΚΥΚΛΟΦΟΡΟΥΝ ΕΙΣ ΤΑΣ ΟΔΟΥΣ ΤΗΣ ΓΕΡΜΑΝΙΑΣ

ΑΘΗΝΑΙ, 7.— Ἡ ὑπηρεσία ἀνεκοίνωσε χθὲς ὅτι αἱ σχετικαὶ ἐνέργειαι συνεχίζονται κατὰ τὰς προβλεπομένας διατάξεις καὶ ὅτι ἡ ἀπόφασις θὰ ληφθῇ ἐντὸς τῶν προσεχῶν ἡμερῶν. Κατὰ τὰς πληροφορίας, αἱ ἁρμόδιαι ἀρχαὶ ἐξετάζουν τὸ ζήτημα μετὰ προσοχῆς, λαμβάνουσαι ὑπ' ὄψιν καὶ τὰς γνώμας τῶν ἐνδιαφερομένων. Ἐξ ἄλλου, γνωστοποιεῖται ὅτι ἡ ἐπιτροπὴ θὰ συνέλθῃ ἐκ νέου διὰ νὰ ἀποφασίσῃ ἐπὶ τῶν λεπτομερειῶν, αἱ ὁποῖαι θὰ ἀνακοινωθοῦν εἰς τὸ κοινὸν μετὰ τὴν ὁριστικὴν ἔγκρισιν.

ΣΗΜΕΡΟΝ ΚΑΙ Η ΥΕΜΕΝΗ ΘΑ ΥΠΟΓΡΑΨΗ ΤΗΝ ΣΥΜΦΩΝΙΑΝ ΕΙΣΔΟΧΗΣ

ΑΘΗΝΑΙ, 7.— Ἡ ὑπηρεσία ἀνεκοίνωσε χθὲς ὅτι αἱ σχετικαὶ ἐνέργειαι συνεχίζονται κατὰ τὰς προβλεπομένας διατάξεις καὶ ὅτι ἡ ἀπόφασις θὰ ληφθῇ ἐντὸς τῶν προσεχῶν ἡμερῶν. Κατὰ τὰς πληροφορίας, αἱ ἁρμόδιαι ἀρχαὶ ἐξετάζουν τὸ ζήτημα μετὰ προσοχῆς, λαμβάνουσαι ὑπ' ὄψιν καὶ τὰς γνώμας τῶν ἐνδιαφερομένων. Ἐξ ἄλλου, γνωστοποιεῖται ὅτι ἡ ἐπιτροπὴ θὰ συνέλθῃ ἐκ νέου διὰ νὰ ἀποφασίσῃ ἐπὶ τῶν λεπτομερειῶν, αἱ ὁποῖαι θὰ ἀνακοινωθοῦν εἰς τὸ κοινὸν μετὰ τὴν ὁριστικὴν ἔγκρισιν.

Ο ΔΑΝΟΣ ΠΡΩΘΥΠΟΥΡΓΟΣ ΑΝΕΒΑΛΕ ΤΟ ΤΑΞΙΔΙΟΝ ΤΟΥ ΕΙΣ ΤΗΝ ΓΙΟΥΓΚΟΣΛΑΒΙΑΝ

ΑΘΗΝΑΙ, 7.— Ἡ ὑπηρεσία ἀνεκοίνωσε χθὲς ὅτι αἱ σχετικαὶ ἐνέργειαι συνεχίζονται κατὰ τὰς προβλεπομένας διατάξεις καὶ ὅτι ἡ ἀπόφασις θὰ ληφθῇ ἐντὸς τῶν προσεχῶν ἡμερῶν. Κατὰ τὰς πληροφορίας, αἱ ἁρμόδιαι ἀρχαὶ ἐξετάζουν τὸ ζήτημα μετὰ προσοχῆς, λαμβάνουσαι ὑπ' ὄψιν καὶ τὰς γνώμας τῶν ἐνδιαφερομένων. Ἐξ ἄλλου, γνωστοποιεῖται ὅτι ἡ ἐπιτροπὴ θὰ συνέλθῃ ἐκ νέου διὰ νὰ ἀποφασίσῃ ἐπὶ τῶν λεπτομερειῶν, αἱ ὁποῖαι θὰ ἀνακοινωθοῦν εἰς τὸ κοινὸν μετὰ τὴν ὁριστικὴν ἔγκρισιν.

ΗΡΧΙΣΕ ΧΘΕΣ ΤΟ ΕΥΡΩΠΑ·Ι·ΚΟΝ ΠΡΩΤΑΘΛΗΜΑ ΜΠΑΣΚΕΤ

ΑΘΗΝΑΙ, 7.— Ἡ ὑπηρεσία ἀνεκοίνωσε χθὲς ὅτι αἱ σχετικαὶ ἐνέργειαι συνεχίζονται κατὰ τὰς προβλεπομένας διατάξεις καὶ ὅτι ἡ ἀπόφασις θὰ ληφθῇ ἐντὸς τῶν προσεχῶν ἡμερῶν. Κατὰ τὰς πληροφορίας, αἱ ἁρμόδιαι ἀρχαὶ ἐξετάζουν τὸ ζήτημα μετὰ προσοχῆς, λαμβάνουσαι ὑπ' ὄψιν καὶ τὰς γνώμας τῶν ἐνδιαφερομένων. Ἐξ ἄλλου, γνωστοποιεῖται ὅτι ἡ ἐπιτροπὴ θὰ συνέλθῃ ἐκ νέου διὰ νὰ ἀποφασίσῃ ἐπὶ τῶν λεπτομερειῶν, αἱ ὁποῖαι θὰ ἀνακοινωθοῦν εἰς τὸ κοινὸν μετὰ τὴν ὁριστικὴν ἔγκρισιν.

ΤΡΙΑ ΕΚ ΤΩΝ ΤΕΤΡΑΖΔΥΜΩΝ ΤΗΣ ΒΑΡΣΟΒΙΑΣ ΕΞΕΜΕΤΡΗΣΑΝ ΤΟ ΖΗΝ

ΑΘΗΝΑΙ, 7.— Ἡ ὑπηρεσία ἀνεκοίνωσε χθὲς ὅτι αἱ σχετικαὶ ἐνέργειαι συνεχίζονται κατὰ τὰς προβλεπομένας διατάξεις καὶ ὅτι ἡ ἀπόφασις θὰ ληφθῇ ἐντὸς τῶν προσεχῶν ἡμερῶν. Κατὰ τὰς πληροφορίας, αἱ ἁρμόδιαι ἀρχαὶ ἐξετάζουν τὸ ζήτημα μετὰ προσοχῆς, λαμβάνουσαι ὑπ' ὄψιν καὶ τὰς γνώμας τῶν ἐνδιαφερομένων. Ἐξ ἄλλου, γνωστοποιεῖται ὅτι ἡ ἐπιτροπὴ θὰ συνέλθῃ ἐκ νέου διὰ νὰ ἀποφασίσῃ ἐπὶ τῶν λεπτομερειῶν, αἱ ὁποῖαι θὰ ἀνακοινωθοῦν εἰς τὸ κοινὸν μετὰ τὴν ὁριστικὴν ἔγκρισιν.

ΔΥΟ ΚΑΝΟΝΙΟΦΟΡΟΙ ΕΒΟΜΒΑΡΔΙΣΑΝ ΤΑΣ ΒΟΡΕΙΟΥΣ ΣΕΛΕΒΕΣ

ΑΘΗΝΑΙ, 7.— Ἡ ὑπηρεσία ἀνεκοίνωσε χθὲς ὅτι αἱ σχετικαὶ ἐνέργειαι συνεχίζονται κατὰ τὰς προβλεπομένας διατάξεις καὶ ὅτι ἡ ἀπόφασις θὰ ληφθῇ ἐντὸς τῶν προσεχῶν ἡμερῶν. Κατὰ τὰς πληροφορίας, αἱ ἁρμόδιαι ἀρχαὶ ἐξετάζουν τὸ ζήτημα μετὰ προσοχῆς, λαμβάνουσαι ὑπ' ὄψιν καὶ τὰς γνώμας τῶν ἐνδιαφερομένων. Ἐξ ἄλλου, γνωστοποιεῖται ὅτι ἡ ἐπιτροπὴ θὰ συνέλθῃ ἐκ νέου διὰ νὰ ἀποφασίσῃ ἐπὶ τῶν λεπτομερειῶν, αἱ ὁποῖαι θὰ ἀνακοινωθοῦν εἰς τὸ κοινὸν μετὰ τὴν ὁριστικὴν ἔγκρισιν.

Ο ΣΤΟ·Ι·ΚΑ ΕΦΘΑΣΕΝ ΕΙΣ ΤΟ ΝΕΟΝ ΔΕΛΧΙ

ΑΘΗΝΑΙ, 7.— Ἡ ὑπηρεσία ἀνεκοίνωσε χθὲς ὅτι αἱ σχετικαὶ ἐνέργειαι συνεχίζονται κατὰ τὰς προβλεπομένας διατάξεις καὶ ὅτι ἡ ἀπόφασις θὰ ληφθῇ ἐντὸς τῶν προσεχῶν ἡμερῶν. Κατὰ τὰς πληροφορίας, αἱ ἁρμόδιαι ἀρχαὶ ἐξετάζουν τὸ ζήτημα μετὰ προσοχῆς, λαμβάνουσαι ὑπ' ὄψιν καὶ τὰς γνώμας τῶν ἐνδιαφερομένων. Ἐξ ἄλλου, γνωστοποιεῖται ὅτι ἡ ἐπιτροπὴ θὰ συνέλθῃ ἐκ νέου διὰ νὰ ἀποφασίσῃ ἐπὶ τῶν λεπτομερειῶν, αἱ ὁποῖαι θὰ ἀνακοινωθοῦν εἰς τὸ κοινὸν μετὰ τὴν ὁριστικὴν ἔγκρισιν.

Η ΥΠΟΔΟΧΗ ΑΠΟ ΤΟΝ ΝΕΧΡΟΥ

ΑΘΗΝΑΙ, 7.— Ἡ ὑπηρεσία ἀνεκοίνωσε χθὲς ὅτι αἱ σχετικαὶ ἐνέργειαι συνεχίζονται κατὰ τὰς προβλεπομένας διατάξεις καὶ ὅτι ἡ ἀπόφασις θὰ ληφθῇ ἐντὸς τῶν προσεχῶν ἡμερῶν. Κατὰ τὰς πληροφορίας, αἱ ἁρμόδιαι ἀρχαὶ ἐξετάζουν τὸ ζήτημα μετὰ προσοχῆς, λαμβάνουσαι ὑπ' ὄψιν καὶ τὰς γνώμας τῶν ἐνδιαφερομένων. Ἐξ ἄλλου, γνωστοποιεῖται ὅτι ἡ ἐπιτροπὴ θὰ συνέλθῃ ἐκ νέου διὰ νὰ ἀποφασίσῃ ἐπὶ τῶν λεπτομερειῶν, αἱ ὁποῖαι θὰ ἀνακοινωθοῦν εἰς τὸ κοινὸν μετὰ τὴν ὁριστικὴν ἔγκρισιν.

Ο ΡΑΠΑΚΥ ΕΙΣΗΧΘΕΝ ΕΙΣ ΚΛΙΝΙΚΗΝ

ΑΘΗΝΑΙ, 7.— Ἡ ὑπηρεσία ἀνεκοίνωσε χθὲς ὅτι αἱ σχετικαὶ ἐνέργειαι συνεχίζονται κατὰ τὰς προβλεπομένας διατάξεις καὶ ὅτι ἡ ἀπόφασις θὰ ληφθῇ ἐντὸς τῶν προσεχῶν ἡμερῶν. Κατὰ τὰς πληροφορίας, αἱ ἁρμόδιαι ἀρχαὶ ἐξετάζουν τὸ ζήτημα μετὰ προσοχῆς, λαμβάνουσαι ὑπ' ὄψιν καὶ τὰς γνώμας τῶν ἐνδιαφερομένων. Ἐξ ἄλλου, γνωστοποιεῖται ὅτι ἡ ἐπιτροπὴ θὰ συνέλθῃ ἐκ νέου διὰ νὰ ἀποφασίσῃ ἐπὶ τῶν λεπτομερειῶν, αἱ ὁποῖαι θὰ ἀνακοινωθοῦν εἰς τὸ κοινὸν μετὰ τὴν ὁριστικὴν ἔγκρισιν.

ΦΟΡΤΗΓΟΝ ΕΣΩΚΕΙΛΕΝ ΕΙΣ ΤΗΝ ΔΙΩΡΥΓΑ ΣΟΥΕΖ

ΑΘΗΝΑΙ, 7.— Ἡ ὑπηρεσία ἀνεκοίνωσε χθὲς ὅτι αἱ σχετικαὶ ἐνέργειαι συνεχίζονται κατὰ τὰς προβλεπομένας διατάξεις καὶ ὅτι ἡ ἀπόφασις θὰ ληφθῇ ἐντὸς τῶν προσεχῶν ἡμερῶν. Κατὰ τὰς πληροφορίας, αἱ ἁρμόδιαι ἀρχαὶ ἐξετάζουν τὸ ζήτημα μετὰ προσοχῆς, λαμβάνουσαι ὑπ' ὄψιν καὶ τὰς γνώμας τῶν ἐνδιαφερομένων. Ἐξ ἄλλου, γνωστοποιεῖται ὅτι ἡ ἐπιτροπὴ θὰ συνέλθῃ ἐκ νέου διὰ νὰ ἀποφασίσῃ ἐπὶ τῶν λεπτομερειῶν, αἱ ὁποῖαι θὰ ἀνακοινωθοῦν εἰς τὸ κοινὸν μετὰ τὴν ὁριστικὴν ἔγκρισιν.

Ο ΚΑΝΤΑΡ ΑΣΘΕΝΕΙ

ΑΘΗΝΑΙ, 7.— Ἡ ὑπηρεσία ἀνεκοίνωσε χθὲς ὅτι αἱ σχετικαὶ ἐνέργειαι συνεχίζονται κατὰ τὰς προβλεπομένας διατάξεις καὶ ὅτι ἡ ἀπόφασις θὰ ληφθῇ ἐντὸς τῶν προσεχῶν ἡμερῶν. Κατὰ τὰς πληροφορίας, αἱ ἁρμόδιαι ἀρχαὶ ἐξετάζουν τὸ ζήτημα μετὰ προσοχῆς, λαμβάνουσαι ὑπ' ὄψιν καὶ τὰς γνώμας τῶν ἐνδιαφερομένων. Ἐξ ἄλλου, γνωστοποιεῖται ὅτι ἡ ἐπιτροπὴ θὰ συνέλθῃ ἐκ νέου διὰ νὰ ἀποφασίσῃ ἐπὶ τῶν λεπτομερειῶν, αἱ ὁποῖαι θὰ ἀνακοινωθοῦν εἰς τὸ κοινὸν μετὰ τὴν ὁριστικὴν ἔγκρισιν.
